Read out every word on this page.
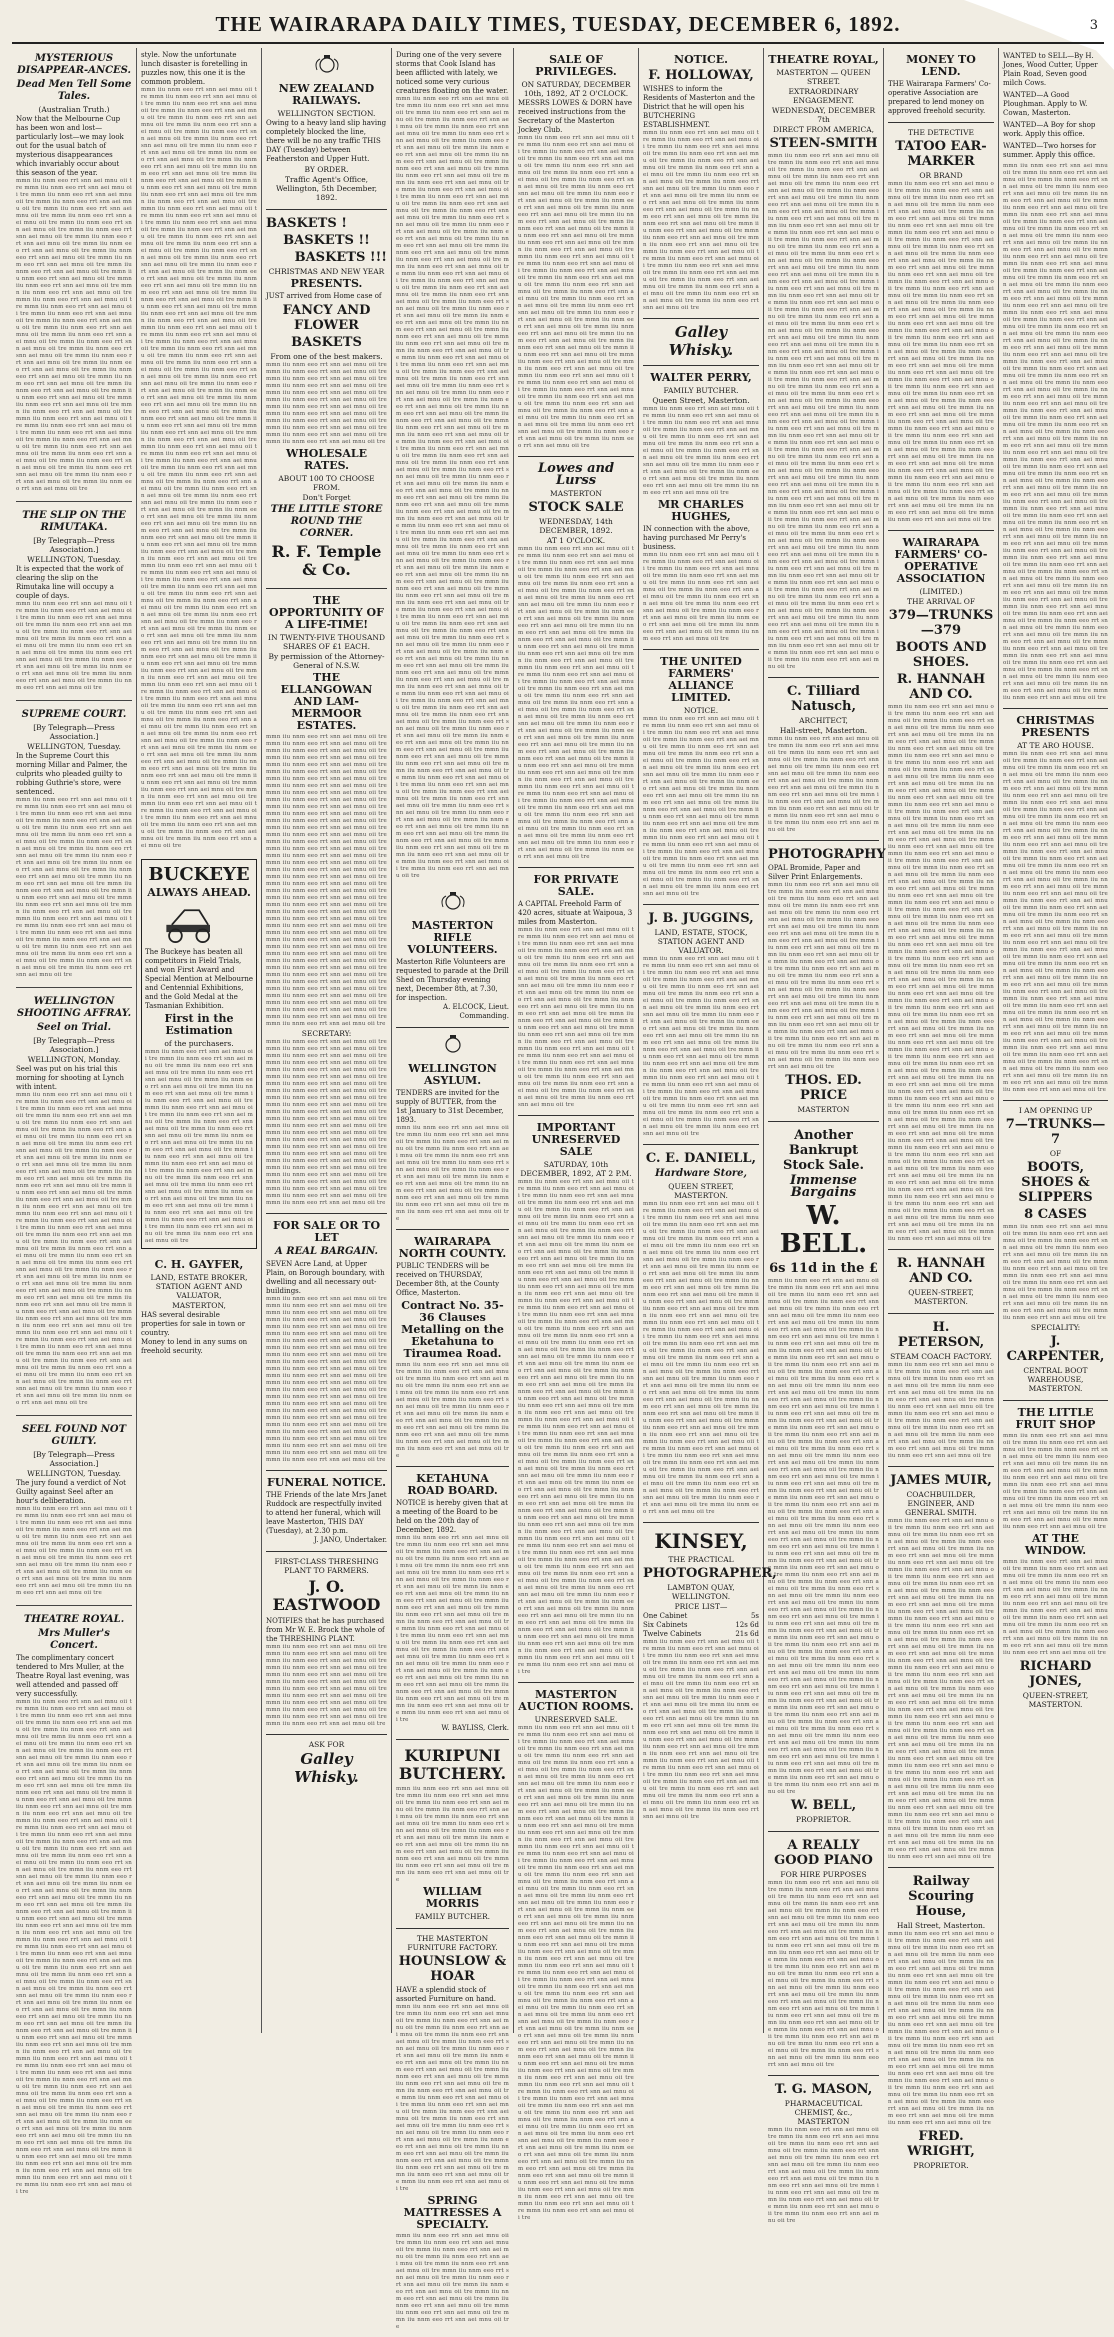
THE WAIRARAPA DAILY TIMES, TUESDAY, DECEMBER 6, 1892.	3
MYSTERIOUS DISAPPEAR-ANCES.
Dead Men Tell Some Tales.
(Australian Truth.)
Now that the Melbourne Cup has been won and lost—particularly lost—we may look out for the usual batch of mysterious disappearances which invariably occur about this season of the year.
mmn iiu nnm eeo rrt snn aei mnu oii tre mmn iiu nnm eeo rrt snn aei mnu oii tre mmn iiu nnm eeo rrt snn aei mnu oii tre mmn iiu nnm eeo rrt snn aei mnu oii tre mmn iiu nnm eeo rrt snn aei mnu oii tre mmn iiu nnm eeo rrt snn aei mnu oii tre mmn iiu nnm eeo rrt snn aei mnu oii tre mmn iiu nnm eeo rrt snn aei mnu oii tre mmn iiu nnm eeo rrt snn aei mnu oii tre mmn iiu nnm eeo rrt snn aei mnu oii tre mmn iiu nnm eeo rrt snn aei mnu oii tre mmn iiu nnm eeo rrt snn aei mnu oii tre mmn iiu nnm eeo rrt snn aei mnu oii tre mmn iiu nnm eeo rrt snn aei mnu oii tre mmn iiu nnm eeo rrt snn aei mnu oii tre mmn iiu nnm eeo rrt snn aei mnu oii tre mmn iiu nnm eeo rrt snn aei mnu oii tre mmn iiu nnm eeo rrt snn aei mnu oii tre mmn iiu nnm eeo rrt snn aei mnu oii tre mmn iiu nnm eeo rrt snn aei mnu oii tre mmn iiu nnm eeo rrt snn aei mnu oii tre mmn iiu nnm eeo rrt snn aei mnu oii tre mmn iiu nnm eeo rrt snn aei mnu oii tre mmn iiu nnm eeo rrt snn aei mnu oii tre mmn iiu nnm eeo rrt snn aei mnu oii tre mmn iiu nnm eeo rrt snn aei mnu oii tre mmn iiu nnm eeo rrt snn aei mnu oii tre mmn iiu nnm eeo rrt snn aei mnu oii tre mmn iiu nnm eeo rrt snn aei mnu oii tre mmn iiu nnm eeo rrt snn aei mnu oii tre mmn iiu nnm eeo rrt snn aei mnu oii tre mmn iiu nnm eeo rrt snn aei mnu oii tre mmn iiu nnm eeo rrt snn aei mnu oii tre mmn iiu nnm eeo rrt snn aei mnu oii tre mmn iiu nnm eeo rrt snn aei mnu oii tre mmn iiu nnm eeo rrt snn aei mnu oii tre mmn iiu nnm eeo rrt snn aei mnu oii tre mmn iiu nnm eeo rrt snn aei mnu oii tre mmn iiu nnm eeo rrt snn aei mnu oii tre mmn iiu nnm eeo rrt snn aei mnu oii tre mmn iiu nnm eeo rrt snn aei mnu oii tre mmn iiu nnm eeo rrt snn aei mnu oii tre
THE SLIP ON THE RIMUTAKA.
[By Telegraph—Press Association.]
WELLINGTON, Tuesday.
It is expected that the work of clearing the slip on the Rimutaka line will occupy a couple of days.
mmn iiu nnm eeo rrt snn aei mnu oii tre mmn iiu nnm eeo rrt snn aei mnu oii tre mmn iiu nnm eeo rrt snn aei mnu oii tre mmn iiu nnm eeo rrt snn aei mnu oii tre mmn iiu nnm eeo rrt snn aei mnu oii tre mmn iiu nnm eeo rrt snn aei mnu oii tre mmn iiu nnm eeo rrt snn aei mnu oii tre mmn iiu nnm eeo rrt snn aei mnu oii tre mmn iiu nnm eeo rrt snn aei mnu oii tre mmn iiu nnm eeo rrt snn aei mnu oii tre mmn iiu nnm eeo rrt snn aei mnu oii tre mmn iiu nnm eeo rrt snn aei mnu oii tre
SUPREME COURT.
[By Telegraph—Press Association.]
WELLINGTON, Tuesday.
In the Supreme Court this morning Millar and Palmer, the culprits who pleaded guilty to robbing Guthrie's store, were sentenced.
mmn iiu nnm eeo rrt snn aei mnu oii tre mmn iiu nnm eeo rrt snn aei mnu oii tre mmn iiu nnm eeo rrt snn aei mnu oii tre mmn iiu nnm eeo rrt snn aei mnu oii tre mmn iiu nnm eeo rrt snn aei mnu oii tre mmn iiu nnm eeo rrt snn aei mnu oii tre mmn iiu nnm eeo rrt snn aei mnu oii tre mmn iiu nnm eeo rrt snn aei mnu oii tre mmn iiu nnm eeo rrt snn aei mnu oii tre mmn iiu nnm eeo rrt snn aei mnu oii tre mmn iiu nnm eeo rrt snn aei mnu oii tre mmn iiu nnm eeo rrt snn aei mnu oii tre mmn iiu nnm eeo rrt snn aei mnu oii tre mmn iiu nnm eeo rrt snn aei mnu oii tre mmn iiu nnm eeo rrt snn aei mnu oii tre mmn iiu nnm eeo rrt snn aei mnu oii tre mmn iiu nnm eeo rrt snn aei mnu oii tre mmn iiu nnm eeo rrt snn aei mnu oii tre mmn iiu nnm eeo rrt snn aei mnu oii tre mmn iiu nnm eeo rrt snn aei mnu oii tre mmn iiu nnm eeo rrt snn aei mnu oii tre mmn iiu nnm eeo rrt snn aei mnu oii tre mmn iiu nnm eeo rrt snn aei mnu oii tre mmn iiu nnm eeo rrt snn aei mnu oii tre
WELLINGTON SHOOTING AFFRAY.
Seel on Trial.
[By Telegraph—Press Association.]
WELLINGTON, Monday.
Seel was put on his trial this morning for shooting at Lynch with intent.
mmn iiu nnm eeo rrt snn aei mnu oii tre mmn iiu nnm eeo rrt snn aei mnu oii tre mmn iiu nnm eeo rrt snn aei mnu oii tre mmn iiu nnm eeo rrt snn aei mnu oii tre mmn iiu nnm eeo rrt snn aei mnu oii tre mmn iiu nnm eeo rrt snn aei mnu oii tre mmn iiu nnm eeo rrt snn aei mnu oii tre mmn iiu nnm eeo rrt snn aei mnu oii tre mmn iiu nnm eeo rrt snn aei mnu oii tre mmn iiu nnm eeo rrt snn aei mnu oii tre mmn iiu nnm eeo rrt snn aei mnu oii tre mmn iiu nnm eeo rrt snn aei mnu oii tre mmn iiu nnm eeo rrt snn aei mnu oii tre mmn iiu nnm eeo rrt snn aei mnu oii tre mmn iiu nnm eeo rrt snn aei mnu oii tre mmn iiu nnm eeo rrt snn aei mnu oii tre mmn iiu nnm eeo rrt snn aei mnu oii tre mmn iiu nnm eeo rrt snn aei mnu oii tre mmn iiu nnm eeo rrt snn aei mnu oii tre mmn iiu nnm eeo rrt snn aei mnu oii tre mmn iiu nnm eeo rrt snn aei mnu oii tre mmn iiu nnm eeo rrt snn aei mnu oii tre mmn iiu nnm eeo rrt snn aei mnu oii tre mmn iiu nnm eeo rrt snn aei mnu oii tre mmn iiu nnm eeo rrt snn aei mnu oii tre mmn iiu nnm eeo rrt snn aei mnu oii tre mmn iiu nnm eeo rrt snn aei mnu oii tre mmn iiu nnm eeo rrt snn aei mnu oii tre mmn iiu nnm eeo rrt snn aei mnu oii tre mmn iiu nnm eeo rrt snn aei mnu oii tre mmn iiu nnm eeo rrt snn aei mnu oii tre mmn iiu nnm eeo rrt snn aei mnu oii tre mmn iiu nnm eeo rrt snn aei mnu oii tre mmn iiu nnm eeo rrt snn aei mnu oii tre mmn iiu nnm eeo rrt snn aei mnu oii tre mmn iiu nnm eeo rrt snn aei mnu oii tre mmn iiu nnm eeo rrt snn aei mnu oii tre mmn iiu nnm eeo rrt snn aei mnu oii tre mmn iiu nnm eeo rrt snn aei mnu oii tre mmn iiu nnm eeo rrt snn aei mnu oii tre mmn iiu nnm eeo rrt snn aei mnu oii tre mmn iiu nnm eeo rrt snn aei mnu oii tre
SEEL FOUND NOT GUILTY.
[By Telegraph—Press Association.]
WELLINGTON, Tuesday.
The jury found a verdict of Not Guilty against Seel after an hour's deliberation.
mmn iiu nnm eeo rrt snn aei mnu oii tre mmn iiu nnm eeo rrt snn aei mnu oii tre mmn iiu nnm eeo rrt snn aei mnu oii tre mmn iiu nnm eeo rrt snn aei mnu oii tre mmn iiu nnm eeo rrt snn aei mnu oii tre mmn iiu nnm eeo rrt snn aei mnu oii tre mmn iiu nnm eeo rrt snn aei mnu oii tre mmn iiu nnm eeo rrt snn aei mnu oii tre mmn iiu nnm eeo rrt snn aei mnu oii tre mmn iiu nnm eeo rrt snn aei mnu oii tre mmn iiu nnm eeo rrt snn aei mnu oii tre mmn iiu nnm eeo rrt snn aei mnu oii tre
THEATRE ROYAL.
Mrs Muller's Concert.
The complimentary concert tendered to Mrs Muller, at the Theatre Royal last evening, was well attended and passed off very successfully.
mmn iiu nnm eeo rrt snn aei mnu oii tre mmn iiu nnm eeo rrt snn aei mnu oii tre mmn iiu nnm eeo rrt snn aei mnu oii tre mmn iiu nnm eeo rrt snn aei mnu oii tre mmn iiu nnm eeo rrt snn aei mnu oii tre mmn iiu nnm eeo rrt snn aei mnu oii tre mmn iiu nnm eeo rrt snn aei mnu oii tre mmn iiu nnm eeo rrt snn aei mnu oii tre mmn iiu nnm eeo rrt snn aei mnu oii tre mmn iiu nnm eeo rrt snn aei mnu oii tre mmn iiu nnm eeo rrt snn aei mnu oii tre mmn iiu nnm eeo rrt snn aei mnu oii tre mmn iiu nnm eeo rrt snn aei mnu oii tre mmn iiu nnm eeo rrt snn aei mnu oii tre mmn iiu nnm eeo rrt snn aei mnu oii tre mmn iiu nnm eeo rrt snn aei mnu oii tre mmn iiu nnm eeo rrt snn aei mnu oii tre mmn iiu nnm eeo rrt snn aei mnu oii tre mmn iiu nnm eeo rrt snn aei mnu oii tre mmn iiu nnm eeo rrt snn aei mnu oii tre mmn iiu nnm eeo rrt snn aei mnu oii tre mmn iiu nnm eeo rrt snn aei mnu oii tre mmn iiu nnm eeo rrt snn aei mnu oii tre mmn iiu nnm eeo rrt snn aei mnu oii tre mmn iiu nnm eeo rrt snn aei mnu oii tre mmn iiu nnm eeo rrt snn aei mnu oii tre mmn iiu nnm eeo rrt snn aei mnu oii tre mmn iiu nnm eeo rrt snn aei mnu oii tre mmn iiu nnm eeo rrt snn aei mnu oii tre mmn iiu nnm eeo rrt snn aei mnu oii tre mmn iiu nnm eeo rrt snn aei mnu oii tre mmn iiu nnm eeo rrt snn aei mnu oii tre mmn iiu nnm eeo rrt snn aei mnu oii tre mmn iiu nnm eeo rrt snn aei mnu oii tre mmn iiu nnm eeo rrt snn aei mnu oii tre mmn iiu nnm eeo rrt snn aei mnu oii tre mmn iiu nnm eeo rrt snn aei mnu oii tre mmn iiu nnm eeo rrt snn aei mnu oii tre mmn iiu nnm eeo rrt snn aei mnu oii tre mmn iiu nnm eeo rrt snn aei mnu oii tre mmn iiu nnm eeo rrt snn aei mnu oii tre mmn iiu nnm eeo rrt snn aei mnu oii tre mmn iiu nnm eeo rrt snn aei mnu oii tre mmn iiu nnm eeo rrt snn aei mnu oii tre mmn iiu nnm eeo rrt snn aei mnu oii tre mmn iiu nnm eeo rrt snn aei mnu oii tre mmn iiu nnm eeo rrt snn aei mnu oii tre mmn iiu nnm eeo rrt snn aei mnu oii tre mmn iiu nnm eeo rrt snn aei mnu oii tre mmn iiu nnm eeo rrt snn aei mnu oii tre mmn iiu nnm eeo rrt snn aei mnu oii tre mmn iiu nnm eeo rrt snn aei mnu oii tre mmn iiu nnm eeo rrt snn aei mnu oii tre mmn iiu nnm eeo rrt snn aei mnu oii tre mmn iiu nnm eeo rrt snn aei mnu oii tre mmn iiu nnm eeo rrt snn aei mnu oii tre mmn iiu nnm eeo rrt snn aei mnu oii tre mmn iiu nnm eeo rrt snn aei mnu oii tre mmn iiu nnm eeo rrt snn aei mnu oii tre mmn iiu nnm eeo rrt snn aei mnu oii tre mmn iiu nnm eeo rrt snn aei mnu oii tre mmn iiu nnm eeo rrt snn aei mnu oii tre mmn iiu nnm eeo rrt snn aei mnu oii tre mmn iiu nnm eeo rrt snn aei mnu oii tre mmn iiu nnm eeo rrt snn aei mnu oii tre mmn iiu nnm eeo rrt snn aei mnu oii tre
style. Now the unfortunate lunch disaster is foretelling in puzzles now, this one it is the common problem.
mmn iiu nnm eeo rrt snn aei mnu oii tre mmn iiu nnm eeo rrt snn aei mnu oii tre mmn iiu nnm eeo rrt snn aei mnu oii tre mmn iiu nnm eeo rrt snn aei mnu oii tre mmn iiu nnm eeo rrt snn aei mnu oii tre mmn iiu nnm eeo rrt snn aei mnu oii tre mmn iiu nnm eeo rrt snn aei mnu oii tre mmn iiu nnm eeo rrt snn aei mnu oii tre mmn iiu nnm eeo rrt snn aei mnu oii tre mmn iiu nnm eeo rrt snn aei mnu oii tre mmn iiu nnm eeo rrt snn aei mnu oii tre mmn iiu nnm eeo rrt snn aei mnu oii tre mmn iiu nnm eeo rrt snn aei mnu oii tre mmn iiu nnm eeo rrt snn aei mnu oii tre mmn iiu nnm eeo rrt snn aei mnu oii tre mmn iiu nnm eeo rrt snn aei mnu oii tre mmn iiu nnm eeo rrt snn aei mnu oii tre mmn iiu nnm eeo rrt snn aei mnu oii tre mmn iiu nnm eeo rrt snn aei mnu oii tre mmn iiu nnm eeo rrt snn aei mnu oii tre mmn iiu nnm eeo rrt snn aei mnu oii tre mmn iiu nnm eeo rrt snn aei mnu oii tre mmn iiu nnm eeo rrt snn aei mnu oii tre mmn iiu nnm eeo rrt snn aei mnu oii tre mmn iiu nnm eeo rrt snn aei mnu oii tre mmn iiu nnm eeo rrt snn aei mnu oii tre mmn iiu nnm eeo rrt snn aei mnu oii tre mmn iiu nnm eeo rrt snn aei mnu oii tre mmn iiu nnm eeo rrt snn aei mnu oii tre mmn iiu nnm eeo rrt snn aei mnu oii tre mmn iiu nnm eeo rrt snn aei mnu oii tre mmn iiu nnm eeo rrt snn aei mnu oii tre mmn iiu nnm eeo rrt snn aei mnu oii tre mmn iiu nnm eeo rrt snn aei mnu oii tre mmn iiu nnm eeo rrt snn aei mnu oii tre mmn iiu nnm eeo rrt snn aei mnu oii tre mmn iiu nnm eeo rrt snn aei mnu oii tre mmn iiu nnm eeo rrt snn aei mnu oii tre mmn iiu nnm eeo rrt snn aei mnu oii tre mmn iiu nnm eeo rrt snn aei mnu oii tre mmn iiu nnm eeo rrt snn aei mnu oii tre mmn iiu nnm eeo rrt snn aei mnu oii tre mmn iiu nnm eeo rrt snn aei mnu oii tre mmn iiu nnm eeo rrt snn aei mnu oii tre mmn iiu nnm eeo rrt snn aei mnu oii tre mmn iiu nnm eeo rrt snn aei mnu oii tre mmn iiu nnm eeo rrt snn aei mnu oii tre mmn iiu nnm eeo rrt snn aei mnu oii tre mmn iiu nnm eeo rrt snn aei mnu oii tre mmn iiu nnm eeo rrt snn aei mnu oii tre mmn iiu nnm eeo rrt snn aei mnu oii tre mmn iiu nnm eeo rrt snn aei mnu oii tre mmn iiu nnm eeo rrt snn aei mnu oii tre mmn iiu nnm eeo rrt snn aei mnu oii tre mmn iiu nnm eeo rrt snn aei mnu oii tre mmn iiu nnm eeo rrt snn aei mnu oii tre mmn iiu nnm eeo rrt snn aei mnu oii tre mmn iiu nnm eeo rrt snn aei mnu oii tre mmn iiu nnm eeo rrt snn aei mnu oii tre mmn iiu nnm eeo rrt snn aei mnu oii tre mmn iiu nnm eeo rrt snn aei mnu oii tre mmn iiu nnm eeo rrt snn aei mnu oii tre mmn iiu nnm eeo rrt snn aei mnu oii tre mmn iiu nnm eeo rrt snn aei mnu oii tre mmn iiu nnm eeo rrt snn aei mnu oii tre mmn iiu nnm eeo rrt snn aei mnu oii tre mmn iiu nnm eeo rrt snn aei mnu oii tre mmn iiu nnm eeo rrt snn aei mnu oii tre mmn iiu nnm eeo rrt snn aei mnu oii tre mmn iiu nnm eeo rrt snn aei mnu oii tre mmn iiu nnm eeo rrt snn aei mnu oii tre mmn iiu nnm eeo rrt snn aei mnu oii tre mmn iiu nnm eeo rrt snn aei mnu oii tre mmn iiu nnm eeo rrt snn aei mnu oii tre mmn iiu nnm eeo rrt snn aei mnu oii tre mmn iiu nnm eeo rrt snn aei mnu oii tre mmn iiu nnm eeo rrt snn aei mnu oii tre mmn iiu nnm eeo rrt snn aei mnu oii tre mmn iiu nnm eeo rrt snn aei mnu oii tre mmn iiu nnm eeo rrt snn aei mnu oii tre mmn iiu nnm eeo rrt snn aei mnu oii tre mmn iiu nnm eeo rrt snn aei mnu oii tre mmn iiu nnm eeo rrt snn aei mnu oii tre mmn iiu nnm eeo rrt snn aei mnu oii tre mmn iiu nnm eeo rrt snn aei mnu oii tre mmn iiu nnm eeo rrt snn aei mnu oii tre mmn iiu nnm eeo rrt snn aei mnu oii tre mmn iiu nnm eeo rrt snn aei mnu oii tre mmn iiu nnm eeo rrt snn aei mnu oii tre mmn iiu nnm eeo rrt snn aei mnu oii tre mmn iiu nnm eeo rrt snn aei mnu oii tre mmn iiu nnm eeo rrt snn aei mnu oii tre mmn iiu nnm eeo rrt snn aei mnu oii tre mmn iiu nnm eeo rrt snn aei mnu oii tre mmn iiu nnm eeo rrt snn aei mnu oii tre mmn iiu nnm eeo rrt snn aei mnu oii tre mmn iiu nnm eeo rrt snn aei mnu oii tre mmn iiu nnm eeo rrt snn aei mnu oii tre mmn iiu nnm eeo rrt snn aei mnu oii tre mmn iiu nnm eeo rrt snn aei mnu oii tre mmn iiu nnm eeo rrt snn aei mnu oii tre mmn iiu nnm eeo rrt snn aei mnu oii tre
BUCKEYE
ALWAYS AHEAD.
The Buckeye has beaten all competitors in Field Trials, and won First Award and Special Mention at Melbourne and Centennial Exhibitions, and the Gold Medal at the Tasmanian Exhibition.
First in the Estimation
of the purchasers.
mmn iiu nnm eeo rrt snn aei mnu oii tre mmn iiu nnm eeo rrt snn aei mnu oii tre mmn iiu nnm eeo rrt snn aei mnu oii tre mmn iiu nnm eeo rrt snn aei mnu oii tre mmn iiu nnm eeo rrt snn aei mnu oii tre mmn iiu nnm eeo rrt snn aei mnu oii tre mmn iiu nnm eeo rrt snn aei mnu oii tre mmn iiu nnm eeo rrt snn aei mnu oii tre mmn iiu nnm eeo rrt snn aei mnu oii tre mmn iiu nnm eeo rrt snn aei mnu oii tre mmn iiu nnm eeo rrt snn aei mnu oii tre mmn iiu nnm eeo rrt snn aei mnu oii tre mmn iiu nnm eeo rrt snn aei mnu oii tre mmn iiu nnm eeo rrt snn aei mnu oii tre mmn iiu nnm eeo rrt snn aei mnu oii tre mmn iiu nnm eeo rrt snn aei mnu oii tre mmn iiu nnm eeo rrt snn aei mnu oii tre mmn iiu nnm eeo rrt snn aei mnu oii tre mmn iiu nnm eeo rrt snn aei mnu oii tre mmn iiu nnm eeo rrt snn aei mnu oii tre mmn iiu nnm eeo rrt snn aei mnu oii tre mmn iiu nnm eeo rrt snn aei mnu oii tre mmn iiu nnm eeo rrt snn aei mnu oii tre mmn iiu nnm eeo rrt snn aei mnu oii tre
C. H. GAYFER,
LAND, ESTATE BROKER, STATION AGENT AND VALUATOR,
MASTERTON,
HAS several desirable properties for sale in town or country.
Money to lend in any sums on freehold security.
NEW ZEALAND RAILWAYS.
WELLINGTON SECTION.
Owing to a heavy land slip having completely blocked the line, there will be no any traffic THIS DAY (Tuesday) between Featherston and Upper Hutt.
BY ORDER.
Traffic Agent's Office, Wellington, 5th December, 1892.
BASKETS !
BASKETS !!
BASKETS !!!
CHRISTMAS AND NEW YEAR
PRESENTS.
JUST arrived from Home case of
FANCY AND FLOWER
BASKETS
From one of the best makers.
mmn iiu nnm eeo rrt snn aei mnu oii tre mmn iiu nnm eeo rrt snn aei mnu oii tre mmn iiu nnm eeo rrt snn aei mnu oii tre mmn iiu nnm eeo rrt snn aei mnu oii tre mmn iiu nnm eeo rrt snn aei mnu oii tre mmn iiu nnm eeo rrt snn aei mnu oii tre mmn iiu nnm eeo rrt snn aei mnu oii tre mmn iiu nnm eeo rrt snn aei mnu oii tre mmn iiu nnm eeo rrt snn aei mnu oii tre mmn iiu nnm eeo rrt snn aei mnu oii tre mmn iiu nnm eeo rrt snn aei mnu oii tre mmn iiu nnm eeo rrt snn aei mnu oii tre
WHOLESALE RATES.
ABOUT 100 TO CHOOSE FROM.
Don't Forget
THE LITTLE STORE ROUND THE CORNER.
R. F. Temple & Co.
THE OPPORTUNITY OF A LIFE-TIME!
IN TWENTY-FIVE THOUSAND SHARES OF £1 EACH.
By permission of the Attorney-General of N.S.W.
THE ELLANGOWAN AND LAM-MERMOOR ESTATES.
mmn iiu nnm eeo rrt snn aei mnu oii tre mmn iiu nnm eeo rrt snn aei mnu oii tre mmn iiu nnm eeo rrt snn aei mnu oii tre mmn iiu nnm eeo rrt snn aei mnu oii tre mmn iiu nnm eeo rrt snn aei mnu oii tre mmn iiu nnm eeo rrt snn aei mnu oii tre mmn iiu nnm eeo rrt snn aei mnu oii tre mmn iiu nnm eeo rrt snn aei mnu oii tre mmn iiu nnm eeo rrt snn aei mnu oii tre mmn iiu nnm eeo rrt snn aei mnu oii tre mmn iiu nnm eeo rrt snn aei mnu oii tre mmn iiu nnm eeo rrt snn aei mnu oii tre mmn iiu nnm eeo rrt snn aei mnu oii tre mmn iiu nnm eeo rrt snn aei mnu oii tre mmn iiu nnm eeo rrt snn aei mnu oii tre mmn iiu nnm eeo rrt snn aei mnu oii tre mmn iiu nnm eeo rrt snn aei mnu oii tre mmn iiu nnm eeo rrt snn aei mnu oii tre mmn iiu nnm eeo rrt snn aei mnu oii tre mmn iiu nnm eeo rrt snn aei mnu oii tre mmn iiu nnm eeo rrt snn aei mnu oii tre mmn iiu nnm eeo rrt snn aei mnu oii tre mmn iiu nnm eeo rrt snn aei mnu oii tre mmn iiu nnm eeo rrt snn aei mnu oii tre mmn iiu nnm eeo rrt snn aei mnu oii tre mmn iiu nnm eeo rrt snn aei mnu oii tre mmn iiu nnm eeo rrt snn aei mnu oii tre mmn iiu nnm eeo rrt snn aei mnu oii tre mmn iiu nnm eeo rrt snn aei mnu oii tre mmn iiu nnm eeo rrt snn aei mnu oii tre mmn iiu nnm eeo rrt snn aei mnu oii tre mmn iiu nnm eeo rrt snn aei mnu oii tre mmn iiu nnm eeo rrt snn aei mnu oii tre mmn iiu nnm eeo rrt snn aei mnu oii tre mmn iiu nnm eeo rrt snn aei mnu oii tre mmn iiu nnm eeo rrt snn aei mnu oii tre mmn iiu nnm eeo rrt snn aei mnu oii tre mmn iiu nnm eeo rrt snn aei mnu oii tre mmn iiu nnm eeo rrt snn aei mnu oii tre mmn iiu nnm eeo rrt snn aei mnu oii tre mmn iiu nnm eeo rrt snn aei mnu oii tre mmn iiu nnm eeo rrt snn aei mnu oii tre
SECRETARY:
mmn iiu nnm eeo rrt snn aei mnu oii tre mmn iiu nnm eeo rrt snn aei mnu oii tre mmn iiu nnm eeo rrt snn aei mnu oii tre mmn iiu nnm eeo rrt snn aei mnu oii tre mmn iiu nnm eeo rrt snn aei mnu oii tre mmn iiu nnm eeo rrt snn aei mnu oii tre mmn iiu nnm eeo rrt snn aei mnu oii tre mmn iiu nnm eeo rrt snn aei mnu oii tre mmn iiu nnm eeo rrt snn aei mnu oii tre mmn iiu nnm eeo rrt snn aei mnu oii tre mmn iiu nnm eeo rrt snn aei mnu oii tre mmn iiu nnm eeo rrt snn aei mnu oii tre mmn iiu nnm eeo rrt snn aei mnu oii tre mmn iiu nnm eeo rrt snn aei mnu oii tre mmn iiu nnm eeo rrt snn aei mnu oii tre mmn iiu nnm eeo rrt snn aei mnu oii tre mmn iiu nnm eeo rrt snn aei mnu oii tre mmn iiu nnm eeo rrt snn aei mnu oii tre mmn iiu nnm eeo rrt snn aei mnu oii tre mmn iiu nnm eeo rrt snn aei mnu oii tre mmn iiu nnm eeo rrt snn aei mnu oii tre mmn iiu nnm eeo rrt snn aei mnu oii tre mmn iiu nnm eeo rrt snn aei mnu oii tre mmn iiu nnm eeo rrt snn aei mnu oii tre
FOR SALE OR TO LET
A REAL BARGAIN.
SEVEN Acre Land, at Upper Plain, on Borough boundary, with dwelling and all necessary out-buildings.
mmn iiu nnm eeo rrt snn aei mnu oii tre mmn iiu nnm eeo rrt snn aei mnu oii tre mmn iiu nnm eeo rrt snn aei mnu oii tre mmn iiu nnm eeo rrt snn aei mnu oii tre mmn iiu nnm eeo rrt snn aei mnu oii tre mmn iiu nnm eeo rrt snn aei mnu oii tre mmn iiu nnm eeo rrt snn aei mnu oii tre mmn iiu nnm eeo rrt snn aei mnu oii tre mmn iiu nnm eeo rrt snn aei mnu oii tre mmn iiu nnm eeo rrt snn aei mnu oii tre mmn iiu nnm eeo rrt snn aei mnu oii tre mmn iiu nnm eeo rrt snn aei mnu oii tre mmn iiu nnm eeo rrt snn aei mnu oii tre mmn iiu nnm eeo rrt snn aei mnu oii tre mmn iiu nnm eeo rrt snn aei mnu oii tre mmn iiu nnm eeo rrt snn aei mnu oii tre mmn iiu nnm eeo rrt snn aei mnu oii tre mmn iiu nnm eeo rrt snn aei mnu oii tre mmn iiu nnm eeo rrt snn aei mnu oii tre mmn iiu nnm eeo rrt snn aei mnu oii tre mmn iiu nnm eeo rrt snn aei mnu oii tre mmn iiu nnm eeo rrt snn aei mnu oii tre mmn iiu nnm eeo rrt snn aei mnu oii tre mmn iiu nnm eeo rrt snn aei mnu oii tre
FUNERAL NOTICE.
THE Friends of the late Mrs Janet Ruddock are respectfully invited to attend her funeral, which will leave Masterton, THIS DAY (Tuesday), at 2.30 p.m.
J. JANO, Undertaker.
FIRST-CLASS THRESHING PLANT TO FARMERS.
J. O. EASTWOOD
NOTIFIES that he has purchased from Mr W. E. Brock the whole of the THRESHING PLANT.
mmn iiu nnm eeo rrt snn aei mnu oii tre mmn iiu nnm eeo rrt snn aei mnu oii tre mmn iiu nnm eeo rrt snn aei mnu oii tre mmn iiu nnm eeo rrt snn aei mnu oii tre mmn iiu nnm eeo rrt snn aei mnu oii tre mmn iiu nnm eeo rrt snn aei mnu oii tre mmn iiu nnm eeo rrt snn aei mnu oii tre mmn iiu nnm eeo rrt snn aei mnu oii tre mmn iiu nnm eeo rrt snn aei mnu oii tre mmn iiu nnm eeo rrt snn aei mnu oii tre mmn iiu nnm eeo rrt snn aei mnu oii tre mmn iiu nnm eeo rrt snn aei mnu oii tre
ASK FOR
Galley Whisky.
During one of the very severe storms that Cook Island has been afflicted with lately, we noticed some very curious creatures floating on the water.
mmn iiu nnm eeo rrt snn aei mnu oii tre mmn iiu nnm eeo rrt snn aei mnu oii tre mmn iiu nnm eeo rrt snn aei mnu oii tre mmn iiu nnm eeo rrt snn aei mnu oii tre mmn iiu nnm eeo rrt snn aei mnu oii tre mmn iiu nnm eeo rrt snn aei mnu oii tre mmn iiu nnm eeo rrt snn aei mnu oii tre mmn iiu nnm eeo rrt snn aei mnu oii tre mmn iiu nnm eeo rrt snn aei mnu oii tre mmn iiu nnm eeo rrt snn aei mnu oii tre mmn iiu nnm eeo rrt snn aei mnu oii tre mmn iiu nnm eeo rrt snn aei mnu oii tre mmn iiu nnm eeo rrt snn aei mnu oii tre mmn iiu nnm eeo rrt snn aei mnu oii tre mmn iiu nnm eeo rrt snn aei mnu oii tre mmn iiu nnm eeo rrt snn aei mnu oii tre mmn iiu nnm eeo rrt snn aei mnu oii tre mmn iiu nnm eeo rrt snn aei mnu oii tre mmn iiu nnm eeo rrt snn aei mnu oii tre mmn iiu nnm eeo rrt snn aei mnu oii tre mmn iiu nnm eeo rrt snn aei mnu oii tre mmn iiu nnm eeo rrt snn aei mnu oii tre mmn iiu nnm eeo rrt snn aei mnu oii tre mmn iiu nnm eeo rrt snn aei mnu oii tre mmn iiu nnm eeo rrt snn aei mnu oii tre mmn iiu nnm eeo rrt snn aei mnu oii tre mmn iiu nnm eeo rrt snn aei mnu oii tre mmn iiu nnm eeo rrt snn aei mnu oii tre mmn iiu nnm eeo rrt snn aei mnu oii tre mmn iiu nnm eeo rrt snn aei mnu oii tre mmn iiu nnm eeo rrt snn aei mnu oii tre mmn iiu nnm eeo rrt snn aei mnu oii tre mmn iiu nnm eeo rrt snn aei mnu oii tre mmn iiu nnm eeo rrt snn aei mnu oii tre mmn iiu nnm eeo rrt snn aei mnu oii tre mmn iiu nnm eeo rrt snn aei mnu oii tre mmn iiu nnm eeo rrt snn aei mnu oii tre mmn iiu nnm eeo rrt snn aei mnu oii tre mmn iiu nnm eeo rrt snn aei mnu oii tre mmn iiu nnm eeo rrt snn aei mnu oii tre mmn iiu nnm eeo rrt snn aei mnu oii tre mmn iiu nnm eeo rrt snn aei mnu oii tre mmn iiu nnm eeo rrt snn aei mnu oii tre mmn iiu nnm eeo rrt snn aei mnu oii tre mmn iiu nnm eeo rrt snn aei mnu oii tre mmn iiu nnm eeo rrt snn aei mnu oii tre mmn iiu nnm eeo rrt snn aei mnu oii tre mmn iiu nnm eeo rrt snn aei mnu oii tre mmn iiu nnm eeo rrt snn aei mnu oii tre mmn iiu nnm eeo rrt snn aei mnu oii tre mmn iiu nnm eeo rrt snn aei mnu oii tre mmn iiu nnm eeo rrt snn aei mnu oii tre mmn iiu nnm eeo rrt snn aei mnu oii tre mmn iiu nnm eeo rrt snn aei mnu oii tre mmn iiu nnm eeo rrt snn aei mnu oii tre mmn iiu nnm eeo rrt snn aei mnu oii tre mmn iiu nnm eeo rrt snn aei mnu oii tre mmn iiu nnm eeo rrt snn aei mnu oii tre mmn iiu nnm eeo rrt snn aei mnu oii tre mmn iiu nnm eeo rrt snn aei mnu oii tre mmn iiu nnm eeo rrt snn aei mnu oii tre mmn iiu nnm eeo rrt snn aei mnu oii tre mmn iiu nnm eeo rrt snn aei mnu oii tre mmn iiu nnm eeo rrt snn aei mnu oii tre mmn iiu nnm eeo rrt snn aei mnu oii tre mmn iiu nnm eeo rrt snn aei mnu oii tre mmn iiu nnm eeo rrt snn aei mnu oii tre mmn iiu nnm eeo rrt snn aei mnu oii tre mmn iiu nnm eeo rrt snn aei mnu oii tre mmn iiu nnm eeo rrt snn aei mnu oii tre mmn iiu nnm eeo rrt snn aei mnu oii tre mmn iiu nnm eeo rrt snn aei mnu oii tre mmn iiu nnm eeo rrt snn aei mnu oii tre mmn iiu nnm eeo rrt snn aei mnu oii tre mmn iiu nnm eeo rrt snn aei mnu oii tre mmn iiu nnm eeo rrt snn aei mnu oii tre mmn iiu nnm eeo rrt snn aei mnu oii tre mmn iiu nnm eeo rrt snn aei mnu oii tre mmn iiu nnm eeo rrt snn aei mnu oii tre mmn iiu nnm eeo rrt snn aei mnu oii tre mmn iiu nnm eeo rrt snn aei mnu oii tre mmn iiu nnm eeo rrt snn aei mnu oii tre mmn iiu nnm eeo rrt snn aei mnu oii tre mmn iiu nnm eeo rrt snn aei mnu oii tre mmn iiu nnm eeo rrt snn aei mnu oii tre mmn iiu nnm eeo rrt snn aei mnu oii tre mmn iiu nnm eeo rrt snn aei mnu oii tre mmn iiu nnm eeo rrt snn aei mnu oii tre mmn iiu nnm eeo rrt snn aei mnu oii tre mmn iiu nnm eeo rrt snn aei mnu oii tre mmn iiu nnm eeo rrt snn aei mnu oii tre mmn iiu nnm eeo rrt snn aei mnu oii tre mmn iiu nnm eeo rrt snn aei mnu oii tre mmn iiu nnm eeo rrt snn aei mnu oii tre mmn iiu nnm eeo rrt snn aei mnu oii tre mmn iiu nnm eeo rrt snn aei mnu oii tre mmn iiu nnm eeo rrt snn aei mnu oii tre mmn iiu nnm eeo rrt snn aei mnu oii tre mmn iiu nnm eeo rrt snn aei mnu oii tre mmn iiu nnm eeo rrt snn aei mnu oii tre mmn iiu nnm eeo rrt snn aei mnu oii tre mmn iiu nnm eeo rrt snn aei mnu oii tre
MASTERTON RIFLE VOLUNTEERS.
Masterton Rifle Volunteers are requested to parade at the Drill Shed on Thursday evening next, December 8th, at 7.30, for inspection.
A. ELCOCK, Lieut. Commanding.
WELLINGTON ASYLUM.
TENDERS are invited for the supply of BUTTER, from the 1st January to 31st December, 1893.
mmn iiu nnm eeo rrt snn aei mnu oii tre mmn iiu nnm eeo rrt snn aei mnu oii tre mmn iiu nnm eeo rrt snn aei mnu oii tre mmn iiu nnm eeo rrt snn aei mnu oii tre mmn iiu nnm eeo rrt snn aei mnu oii tre mmn iiu nnm eeo rrt snn aei mnu oii tre mmn iiu nnm eeo rrt snn aei mnu oii tre mmn iiu nnm eeo rrt snn aei mnu oii tre mmn iiu nnm eeo rrt snn aei mnu oii tre mmn iiu nnm eeo rrt snn aei mnu oii tre mmn iiu nnm eeo rrt snn aei mnu oii tre mmn iiu nnm eeo rrt snn aei mnu oii tre
WAIRARAPA NORTH COUNTY.
PUBLIC TENDERS will be received on THURSDAY, December 8th, at the County Office, Masterton.
Contract No. 35-36 Clauses Metalling on the Eketahuna to Tiraumea Road.
mmn iiu nnm eeo rrt snn aei mnu oii tre mmn iiu nnm eeo rrt snn aei mnu oii tre mmn iiu nnm eeo rrt snn aei mnu oii tre mmn iiu nnm eeo rrt snn aei mnu oii tre mmn iiu nnm eeo rrt snn aei mnu oii tre mmn iiu nnm eeo rrt snn aei mnu oii tre mmn iiu nnm eeo rrt snn aei mnu oii tre mmn iiu nnm eeo rrt snn aei mnu oii tre mmn iiu nnm eeo rrt snn aei mnu oii tre mmn iiu nnm eeo rrt snn aei mnu oii tre mmn iiu nnm eeo rrt snn aei mnu oii tre mmn iiu nnm eeo rrt snn aei mnu oii tre
KETAHUNA ROAD BOARD.
NOTICE is hereby given that at a meeting of the Board to be held on the 20th day of December, 1892.
mmn iiu nnm eeo rrt snn aei mnu oii tre mmn iiu nnm eeo rrt snn aei mnu oii tre mmn iiu nnm eeo rrt snn aei mnu oii tre mmn iiu nnm eeo rrt snn aei mnu oii tre mmn iiu nnm eeo rrt snn aei mnu oii tre mmn iiu nnm eeo rrt snn aei mnu oii tre mmn iiu nnm eeo rrt snn aei mnu oii tre mmn iiu nnm eeo rrt snn aei mnu oii tre mmn iiu nnm eeo rrt snn aei mnu oii tre mmn iiu nnm eeo rrt snn aei mnu oii tre mmn iiu nnm eeo rrt snn aei mnu oii tre mmn iiu nnm eeo rrt snn aei mnu oii tre mmn iiu nnm eeo rrt snn aei mnu oii tre mmn iiu nnm eeo rrt snn aei mnu oii tre mmn iiu nnm eeo rrt snn aei mnu oii tre mmn iiu nnm eeo rrt snn aei mnu oii tre mmn iiu nnm eeo rrt snn aei mnu oii tre mmn iiu nnm eeo rrt snn aei mnu oii tre mmn iiu nnm eeo rrt snn aei mnu oii tre mmn iiu nnm eeo rrt snn aei mnu oii tre mmn iiu nnm eeo rrt snn aei mnu oii tre mmn iiu nnm eeo rrt snn aei mnu oii tre mmn iiu nnm eeo rrt snn aei mnu oii tre mmn iiu nnm eeo rrt snn aei mnu oii tre
W. BAYLISS, Clerk.
KURIPUNI BUTCHERY.
mmn iiu nnm eeo rrt snn aei mnu oii tre mmn iiu nnm eeo rrt snn aei mnu oii tre mmn iiu nnm eeo rrt snn aei mnu oii tre mmn iiu nnm eeo rrt snn aei mnu oii tre mmn iiu nnm eeo rrt snn aei mnu oii tre mmn iiu nnm eeo rrt snn aei mnu oii tre mmn iiu nnm eeo rrt snn aei mnu oii tre mmn iiu nnm eeo rrt snn aei mnu oii tre mmn iiu nnm eeo rrt snn aei mnu oii tre mmn iiu nnm eeo rrt snn aei mnu oii tre mmn iiu nnm eeo rrt snn aei mnu oii tre mmn iiu nnm eeo rrt snn aei mnu oii tre
WILLIAM MORRIS
FAMILY BUTCHER.
THE MASTERTON FURNITURE FACTORY.
HOUNSLOW & HOAR
HAVE a splendid stock of assorted Furniture on hand.
mmn iiu nnm eeo rrt snn aei mnu oii tre mmn iiu nnm eeo rrt snn aei mnu oii tre mmn iiu nnm eeo rrt snn aei mnu oii tre mmn iiu nnm eeo rrt snn aei mnu oii tre mmn iiu nnm eeo rrt snn aei mnu oii tre mmn iiu nnm eeo rrt snn aei mnu oii tre mmn iiu nnm eeo rrt snn aei mnu oii tre mmn iiu nnm eeo rrt snn aei mnu oii tre mmn iiu nnm eeo rrt snn aei mnu oii tre mmn iiu nnm eeo rrt snn aei mnu oii tre mmn iiu nnm eeo rrt snn aei mnu oii tre mmn iiu nnm eeo rrt snn aei mnu oii tre mmn iiu nnm eeo rrt snn aei mnu oii tre mmn iiu nnm eeo rrt snn aei mnu oii tre mmn iiu nnm eeo rrt snn aei mnu oii tre mmn iiu nnm eeo rrt snn aei mnu oii tre mmn iiu nnm eeo rrt snn aei mnu oii tre mmn iiu nnm eeo rrt snn aei mnu oii tre mmn iiu nnm eeo rrt snn aei mnu oii tre mmn iiu nnm eeo rrt snn aei mnu oii tre mmn iiu nnm eeo rrt snn aei mnu oii tre mmn iiu nnm eeo rrt snn aei mnu oii tre mmn iiu nnm eeo rrt snn aei mnu oii tre mmn iiu nnm eeo rrt snn aei mnu oii tre
SPRING MATTRESSES A SPECIALTY.
mmn iiu nnm eeo rrt snn aei mnu oii tre mmn iiu nnm eeo rrt snn aei mnu oii tre mmn iiu nnm eeo rrt snn aei mnu oii tre mmn iiu nnm eeo rrt snn aei mnu oii tre mmn iiu nnm eeo rrt snn aei mnu oii tre mmn iiu nnm eeo rrt snn aei mnu oii tre mmn iiu nnm eeo rrt snn aei mnu oii tre mmn iiu nnm eeo rrt snn aei mnu oii tre mmn iiu nnm eeo rrt snn aei mnu oii tre mmn iiu nnm eeo rrt snn aei mnu oii tre mmn iiu nnm eeo rrt snn aei mnu oii tre mmn iiu nnm eeo rrt snn aei mnu oii tre
SALE OF PRIVILEGES.
ON SATURDAY, DECEMBER 10th, 1892, AT 2 O'CLOCK.
MESSRS LOWES & DORN have received instructions from the Secretary of the Masterton Jockey Club.
mmn iiu nnm eeo rrt snn aei mnu oii tre mmn iiu nnm eeo rrt snn aei mnu oii tre mmn iiu nnm eeo rrt snn aei mnu oii tre mmn iiu nnm eeo rrt snn aei mnu oii tre mmn iiu nnm eeo rrt snn aei mnu oii tre mmn iiu nnm eeo rrt snn aei mnu oii tre mmn iiu nnm eeo rrt snn aei mnu oii tre mmn iiu nnm eeo rrt snn aei mnu oii tre mmn iiu nnm eeo rrt snn aei mnu oii tre mmn iiu nnm eeo rrt snn aei mnu oii tre mmn iiu nnm eeo rrt snn aei mnu oii tre mmn iiu nnm eeo rrt snn aei mnu oii tre mmn iiu nnm eeo rrt snn aei mnu oii tre mmn iiu nnm eeo rrt snn aei mnu oii tre mmn iiu nnm eeo rrt snn aei mnu oii tre mmn iiu nnm eeo rrt snn aei mnu oii tre mmn iiu nnm eeo rrt snn aei mnu oii tre mmn iiu nnm eeo rrt snn aei mnu oii tre mmn iiu nnm eeo rrt snn aei mnu oii tre mmn iiu nnm eeo rrt snn aei mnu oii tre mmn iiu nnm eeo rrt snn aei mnu oii tre mmn iiu nnm eeo rrt snn aei mnu oii tre mmn iiu nnm eeo rrt snn aei mnu oii tre mmn iiu nnm eeo rrt snn aei mnu oii tre mmn iiu nnm eeo rrt snn aei mnu oii tre mmn iiu nnm eeo rrt snn aei mnu oii tre mmn iiu nnm eeo rrt snn aei mnu oii tre mmn iiu nnm eeo rrt snn aei mnu oii tre mmn iiu nnm eeo rrt snn aei mnu oii tre mmn iiu nnm eeo rrt snn aei mnu oii tre mmn iiu nnm eeo rrt snn aei mnu oii tre mmn iiu nnm eeo rrt snn aei mnu oii tre mmn iiu nnm eeo rrt snn aei mnu oii tre mmn iiu nnm eeo rrt snn aei mnu oii tre mmn iiu nnm eeo rrt snn aei mnu oii tre mmn iiu nnm eeo rrt snn aei mnu oii tre mmn iiu nnm eeo rrt snn aei mnu oii tre mmn iiu nnm eeo rrt snn aei mnu oii tre mmn iiu nnm eeo rrt snn aei mnu oii tre mmn iiu nnm eeo rrt snn aei mnu oii tre mmn iiu nnm eeo rrt snn aei mnu oii tre mmn iiu nnm eeo rrt snn aei mnu oii tre
Lowes and Lurss
MASTERTON
STOCK SALE
WEDNESDAY, 14th DECEMBER, 1892.
AT 1 O'CLOCK.
mmn iiu nnm eeo rrt snn aei mnu oii tre mmn iiu nnm eeo rrt snn aei mnu oii tre mmn iiu nnm eeo rrt snn aei mnu oii tre mmn iiu nnm eeo rrt snn aei mnu oii tre mmn iiu nnm eeo rrt snn aei mnu oii tre mmn iiu nnm eeo rrt snn aei mnu oii tre mmn iiu nnm eeo rrt snn aei mnu oii tre mmn iiu nnm eeo rrt snn aei mnu oii tre mmn iiu nnm eeo rrt snn aei mnu oii tre mmn iiu nnm eeo rrt snn aei mnu oii tre mmn iiu nnm eeo rrt snn aei mnu oii tre mmn iiu nnm eeo rrt snn aei mnu oii tre mmn iiu nnm eeo rrt snn aei mnu oii tre mmn iiu nnm eeo rrt snn aei mnu oii tre mmn iiu nnm eeo rrt snn aei mnu oii tre mmn iiu nnm eeo rrt snn aei mnu oii tre mmn iiu nnm eeo rrt snn aei mnu oii tre mmn iiu nnm eeo rrt snn aei mnu oii tre mmn iiu nnm eeo rrt snn aei mnu oii tre mmn iiu nnm eeo rrt snn aei mnu oii tre mmn iiu nnm eeo rrt snn aei mnu oii tre mmn iiu nnm eeo rrt snn aei mnu oii tre mmn iiu nnm eeo rrt snn aei mnu oii tre mmn iiu nnm eeo rrt snn aei mnu oii tre mmn iiu nnm eeo rrt snn aei mnu oii tre mmn iiu nnm eeo rrt snn aei mnu oii tre mmn iiu nnm eeo rrt snn aei mnu oii tre mmn iiu nnm eeo rrt snn aei mnu oii tre mmn iiu nnm eeo rrt snn aei mnu oii tre mmn iiu nnm eeo rrt snn aei mnu oii tre mmn iiu nnm eeo rrt snn aei mnu oii tre mmn iiu nnm eeo rrt snn aei mnu oii tre mmn iiu nnm eeo rrt snn aei mnu oii tre mmn iiu nnm eeo rrt snn aei mnu oii tre mmn iiu nnm eeo rrt snn aei mnu oii tre mmn iiu nnm eeo rrt snn aei mnu oii tre mmn iiu nnm eeo rrt snn aei mnu oii tre mmn iiu nnm eeo rrt snn aei mnu oii tre mmn iiu nnm eeo rrt snn aei mnu oii tre mmn iiu nnm eeo rrt snn aei mnu oii tre mmn iiu nnm eeo rrt snn aei mnu oii tre mmn iiu nnm eeo rrt snn aei mnu oii tre
FOR PRIVATE SALE.
A CAPITAL Freehold Farm of 420 acres, situate at Waipoua, 3 miles from Masterton.
mmn iiu nnm eeo rrt snn aei mnu oii tre mmn iiu nnm eeo rrt snn aei mnu oii tre mmn iiu nnm eeo rrt snn aei mnu oii tre mmn iiu nnm eeo rrt snn aei mnu oii tre mmn iiu nnm eeo rrt snn aei mnu oii tre mmn iiu nnm eeo rrt snn aei mnu oii tre mmn iiu nnm eeo rrt snn aei mnu oii tre mmn iiu nnm eeo rrt snn aei mnu oii tre mmn iiu nnm eeo rrt snn aei mnu oii tre mmn iiu nnm eeo rrt snn aei mnu oii tre mmn iiu nnm eeo rrt snn aei mnu oii tre mmn iiu nnm eeo rrt snn aei mnu oii tre mmn iiu nnm eeo rrt snn aei mnu oii tre mmn iiu nnm eeo rrt snn aei mnu oii tre mmn iiu nnm eeo rrt snn aei mnu oii tre mmn iiu nnm eeo rrt snn aei mnu oii tre mmn iiu nnm eeo rrt snn aei mnu oii tre mmn iiu nnm eeo rrt snn aei mnu oii tre mmn iiu nnm eeo rrt snn aei mnu oii tre mmn iiu nnm eeo rrt snn aei mnu oii tre mmn iiu nnm eeo rrt snn aei mnu oii tre mmn iiu nnm eeo rrt snn aei mnu oii tre mmn iiu nnm eeo rrt snn aei mnu oii tre mmn iiu nnm eeo rrt snn aei mnu oii tre
IMPORTANT UNRESERVED SALE
SATURDAY, 10th DECEMBER, 1892, AT 2 P.M.
mmn iiu nnm eeo rrt snn aei mnu oii tre mmn iiu nnm eeo rrt snn aei mnu oii tre mmn iiu nnm eeo rrt snn aei mnu oii tre mmn iiu nnm eeo rrt snn aei mnu oii tre mmn iiu nnm eeo rrt snn aei mnu oii tre mmn iiu nnm eeo rrt snn aei mnu oii tre mmn iiu nnm eeo rrt snn aei mnu oii tre mmn iiu nnm eeo rrt snn aei mnu oii tre mmn iiu nnm eeo rrt snn aei mnu oii tre mmn iiu nnm eeo rrt snn aei mnu oii tre mmn iiu nnm eeo rrt snn aei mnu oii tre mmn iiu nnm eeo rrt snn aei mnu oii tre mmn iiu nnm eeo rrt snn aei mnu oii tre mmn iiu nnm eeo rrt snn aei mnu oii tre mmn iiu nnm eeo rrt snn aei mnu oii tre mmn iiu nnm eeo rrt snn aei mnu oii tre mmn iiu nnm eeo rrt snn aei mnu oii tre mmn iiu nnm eeo rrt snn aei mnu oii tre mmn iiu nnm eeo rrt snn aei mnu oii tre mmn iiu nnm eeo rrt snn aei mnu oii tre mmn iiu nnm eeo rrt snn aei mnu oii tre mmn iiu nnm eeo rrt snn aei mnu oii tre mmn iiu nnm eeo rrt snn aei mnu oii tre mmn iiu nnm eeo rrt snn aei mnu oii tre mmn iiu nnm eeo rrt snn aei mnu oii tre mmn iiu nnm eeo rrt snn aei mnu oii tre mmn iiu nnm eeo rrt snn aei mnu oii tre mmn iiu nnm eeo rrt snn aei mnu oii tre mmn iiu nnm eeo rrt snn aei mnu oii tre mmn iiu nnm eeo rrt snn aei mnu oii tre mmn iiu nnm eeo rrt snn aei mnu oii tre mmn iiu nnm eeo rrt snn aei mnu oii tre mmn iiu nnm eeo rrt snn aei mnu oii tre mmn iiu nnm eeo rrt snn aei mnu oii tre mmn iiu nnm eeo rrt snn aei mnu oii tre mmn iiu nnm eeo rrt snn aei mnu oii tre mmn iiu nnm eeo rrt snn aei mnu oii tre mmn iiu nnm eeo rrt snn aei mnu oii tre mmn iiu nnm eeo rrt snn aei mnu oii tre mmn iiu nnm eeo rrt snn aei mnu oii tre mmn iiu nnm eeo rrt snn aei mnu oii tre mmn iiu nnm eeo rrt snn aei mnu oii tre mmn iiu nnm eeo rrt snn aei mnu oii tre mmn iiu nnm eeo rrt snn aei mnu oii tre mmn iiu nnm eeo rrt snn aei mnu oii tre mmn iiu nnm eeo rrt snn aei mnu oii tre mmn iiu nnm eeo rrt snn aei mnu oii tre mmn iiu nnm eeo rrt snn aei mnu oii tre mmn iiu nnm eeo rrt snn aei mnu oii tre mmn iiu nnm eeo rrt snn aei mnu oii tre mmn iiu nnm eeo rrt snn aei mnu oii tre mmn iiu nnm eeo rrt snn aei mnu oii tre mmn iiu nnm eeo rrt snn aei mnu oii tre mmn iiu nnm eeo rrt snn aei mnu oii tre mmn iiu nnm eeo rrt snn aei mnu oii tre mmn iiu nnm eeo rrt snn aei mnu oii tre mmn iiu nnm eeo rrt snn aei mnu oii tre mmn iiu nnm eeo rrt snn aei mnu oii tre mmn iiu nnm eeo rrt snn aei mnu oii tre mmn iiu nnm eeo rrt snn aei mnu oii tre mmn iiu nnm eeo rrt snn aei mnu oii tre mmn iiu nnm eeo rrt snn aei mnu oii tre mmn iiu nnm eeo rrt snn aei mnu oii tre mmn iiu nnm eeo rrt snn aei mnu oii tre mmn iiu nnm eeo rrt snn aei mnu oii tre mmn iiu nnm eeo rrt snn aei mnu oii tre
MASTERTON AUCTION ROOMS.
UNRESERVED SALE.
mmn iiu nnm eeo rrt snn aei mnu oii tre mmn iiu nnm eeo rrt snn aei mnu oii tre mmn iiu nnm eeo rrt snn aei mnu oii tre mmn iiu nnm eeo rrt snn aei mnu oii tre mmn iiu nnm eeo rrt snn aei mnu oii tre mmn iiu nnm eeo rrt snn aei mnu oii tre mmn iiu nnm eeo rrt snn aei mnu oii tre mmn iiu nnm eeo rrt snn aei mnu oii tre mmn iiu nnm eeo rrt snn aei mnu oii tre mmn iiu nnm eeo rrt snn aei mnu oii tre mmn iiu nnm eeo rrt snn aei mnu oii tre mmn iiu nnm eeo rrt snn aei mnu oii tre mmn iiu nnm eeo rrt snn aei mnu oii tre mmn iiu nnm eeo rrt snn aei mnu oii tre mmn iiu nnm eeo rrt snn aei mnu oii tre mmn iiu nnm eeo rrt snn aei mnu oii tre mmn iiu nnm eeo rrt snn aei mnu oii tre mmn iiu nnm eeo rrt snn aei mnu oii tre mmn iiu nnm eeo rrt snn aei mnu oii tre mmn iiu nnm eeo rrt snn aei mnu oii tre mmn iiu nnm eeo rrt snn aei mnu oii tre mmn iiu nnm eeo rrt snn aei mnu oii tre mmn iiu nnm eeo rrt snn aei mnu oii tre mmn iiu nnm eeo rrt snn aei mnu oii tre mmn iiu nnm eeo rrt snn aei mnu oii tre mmn iiu nnm eeo rrt snn aei mnu oii tre mmn iiu nnm eeo rrt snn aei mnu oii tre mmn iiu nnm eeo rrt snn aei mnu oii tre mmn iiu nnm eeo rrt snn aei mnu oii tre mmn iiu nnm eeo rrt snn aei mnu oii tre mmn iiu nnm eeo rrt snn aei mnu oii tre mmn iiu nnm eeo rrt snn aei mnu oii tre mmn iiu nnm eeo rrt snn aei mnu oii tre mmn iiu nnm eeo rrt snn aei mnu oii tre mmn iiu nnm eeo rrt snn aei mnu oii tre mmn iiu nnm eeo rrt snn aei mnu oii tre mmn iiu nnm eeo rrt snn aei mnu oii tre mmn iiu nnm eeo rrt snn aei mnu oii tre mmn iiu nnm eeo rrt snn aei mnu oii tre mmn iiu nnm eeo rrt snn aei mnu oii tre mmn iiu nnm eeo rrt snn aei mnu oii tre mmn iiu nnm eeo rrt snn aei mnu oii tre mmn iiu nnm eeo rrt snn aei mnu oii tre mmn iiu nnm eeo rrt snn aei mnu oii tre mmn iiu nnm eeo rrt snn aei mnu oii tre mmn iiu nnm eeo rrt snn aei mnu oii tre mmn iiu nnm eeo rrt snn aei mnu oii tre mmn iiu nnm eeo rrt snn aei mnu oii tre mmn iiu nnm eeo rrt snn aei mnu oii tre mmn iiu nnm eeo rrt snn aei mnu oii tre mmn iiu nnm eeo rrt snn aei mnu oii tre mmn iiu nnm eeo rrt snn aei mnu oii tre mmn iiu nnm eeo rrt snn aei mnu oii tre mmn iiu nnm eeo rrt snn aei mnu oii tre mmn iiu nnm eeo rrt snn aei mnu oii tre mmn iiu nnm eeo rrt snn aei mnu oii tre mmn iiu nnm eeo rrt snn aei mnu oii tre mmn iiu nnm eeo rrt snn aei mnu oii tre mmn iiu nnm eeo rrt snn aei mnu oii tre mmn iiu nnm eeo rrt snn aei mnu oii tre mmn iiu nnm eeo rrt snn aei mnu oii tre mmn iiu nnm eeo rrt snn aei mnu oii tre mmn iiu nnm eeo rrt snn aei mnu oii tre mmn iiu nnm eeo rrt snn aei mnu oii tre mmn iiu nnm eeo rrt snn aei mnu oii tre mmn iiu nnm eeo rrt snn aei mnu oii tre
NOTICE.
F. HOLLOWAY,
WISHES to inform the Residents of Masterton and the District that he will open his BUTCHERING ESTABLISHMENT.
mmn iiu nnm eeo rrt snn aei mnu oii tre mmn iiu nnm eeo rrt snn aei mnu oii tre mmn iiu nnm eeo rrt snn aei mnu oii tre mmn iiu nnm eeo rrt snn aei mnu oii tre mmn iiu nnm eeo rrt snn aei mnu oii tre mmn iiu nnm eeo rrt snn aei mnu oii tre mmn iiu nnm eeo rrt snn aei mnu oii tre mmn iiu nnm eeo rrt snn aei mnu oii tre mmn iiu nnm eeo rrt snn aei mnu oii tre mmn iiu nnm eeo rrt snn aei mnu oii tre mmn iiu nnm eeo rrt snn aei mnu oii tre mmn iiu nnm eeo rrt snn aei mnu oii tre mmn iiu nnm eeo rrt snn aei mnu oii tre mmn iiu nnm eeo rrt snn aei mnu oii tre mmn iiu nnm eeo rrt snn aei mnu oii tre mmn iiu nnm eeo rrt snn aei mnu oii tre mmn iiu nnm eeo rrt snn aei mnu oii tre mmn iiu nnm eeo rrt snn aei mnu oii tre mmn iiu nnm eeo rrt snn aei mnu oii tre mmn iiu nnm eeo rrt snn aei mnu oii tre mmn iiu nnm eeo rrt snn aei mnu oii tre mmn iiu nnm eeo rrt snn aei mnu oii tre mmn iiu nnm eeo rrt snn aei mnu oii tre mmn iiu nnm eeo rrt snn aei mnu oii tre
Galley Whisky.
WALTER PERRY,
FAMILY BUTCHER.
Queen Street, Masterton.
mmn iiu nnm eeo rrt snn aei mnu oii tre mmn iiu nnm eeo rrt snn aei mnu oii tre mmn iiu nnm eeo rrt snn aei mnu oii tre mmn iiu nnm eeo rrt snn aei mnu oii tre mmn iiu nnm eeo rrt snn aei mnu oii tre mmn iiu nnm eeo rrt snn aei mnu oii tre mmn iiu nnm eeo rrt snn aei mnu oii tre mmn iiu nnm eeo rrt snn aei mnu oii tre mmn iiu nnm eeo rrt snn aei mnu oii tre mmn iiu nnm eeo rrt snn aei mnu oii tre mmn iiu nnm eeo rrt snn aei mnu oii tre mmn iiu nnm eeo rrt snn aei mnu oii tre
MR CHARLES HUGHES,
IN connection with the above, having purchased Mr Perry's business.
mmn iiu nnm eeo rrt snn aei mnu oii tre mmn iiu nnm eeo rrt snn aei mnu oii tre mmn iiu nnm eeo rrt snn aei mnu oii tre mmn iiu nnm eeo rrt snn aei mnu oii tre mmn iiu nnm eeo rrt snn aei mnu oii tre mmn iiu nnm eeo rrt snn aei mnu oii tre mmn iiu nnm eeo rrt snn aei mnu oii tre mmn iiu nnm eeo rrt snn aei mnu oii tre mmn iiu nnm eeo rrt snn aei mnu oii tre mmn iiu nnm eeo rrt snn aei mnu oii tre mmn iiu nnm eeo rrt snn aei mnu oii tre mmn iiu nnm eeo rrt snn aei mnu oii tre
THE UNITED FARMERS' ALLIANCE LIMITED.
NOTICE.
mmn iiu nnm eeo rrt snn aei mnu oii tre mmn iiu nnm eeo rrt snn aei mnu oii tre mmn iiu nnm eeo rrt snn aei mnu oii tre mmn iiu nnm eeo rrt snn aei mnu oii tre mmn iiu nnm eeo rrt snn aei mnu oii tre mmn iiu nnm eeo rrt snn aei mnu oii tre mmn iiu nnm eeo rrt snn aei mnu oii tre mmn iiu nnm eeo rrt snn aei mnu oii tre mmn iiu nnm eeo rrt snn aei mnu oii tre mmn iiu nnm eeo rrt snn aei mnu oii tre mmn iiu nnm eeo rrt snn aei mnu oii tre mmn iiu nnm eeo rrt snn aei mnu oii tre mmn iiu nnm eeo rrt snn aei mnu oii tre mmn iiu nnm eeo rrt snn aei mnu oii tre mmn iiu nnm eeo rrt snn aei mnu oii tre mmn iiu nnm eeo rrt snn aei mnu oii tre mmn iiu nnm eeo rrt snn aei mnu oii tre mmn iiu nnm eeo rrt snn aei mnu oii tre mmn iiu nnm eeo rrt snn aei mnu oii tre mmn iiu nnm eeo rrt snn aei mnu oii tre mmn iiu nnm eeo rrt snn aei mnu oii tre mmn iiu nnm eeo rrt snn aei mnu oii tre mmn iiu nnm eeo rrt snn aei mnu oii tre mmn iiu nnm eeo rrt snn aei mnu oii tre
J. B. JUGGINS,
LAND, ESTATE, STOCK, STATION AGENT AND VALUATOR.
mmn iiu nnm eeo rrt snn aei mnu oii tre mmn iiu nnm eeo rrt snn aei mnu oii tre mmn iiu nnm eeo rrt snn aei mnu oii tre mmn iiu nnm eeo rrt snn aei mnu oii tre mmn iiu nnm eeo rrt snn aei mnu oii tre mmn iiu nnm eeo rrt snn aei mnu oii tre mmn iiu nnm eeo rrt snn aei mnu oii tre mmn iiu nnm eeo rrt snn aei mnu oii tre mmn iiu nnm eeo rrt snn aei mnu oii tre mmn iiu nnm eeo rrt snn aei mnu oii tre mmn iiu nnm eeo rrt snn aei mnu oii tre mmn iiu nnm eeo rrt snn aei mnu oii tre mmn iiu nnm eeo rrt snn aei mnu oii tre mmn iiu nnm eeo rrt snn aei mnu oii tre mmn iiu nnm eeo rrt snn aei mnu oii tre mmn iiu nnm eeo rrt snn aei mnu oii tre mmn iiu nnm eeo rrt snn aei mnu oii tre mmn iiu nnm eeo rrt snn aei mnu oii tre mmn iiu nnm eeo rrt snn aei mnu oii tre mmn iiu nnm eeo rrt snn aei mnu oii tre mmn iiu nnm eeo rrt snn aei mnu oii tre mmn iiu nnm eeo rrt snn aei mnu oii tre mmn iiu nnm eeo rrt snn aei mnu oii tre mmn iiu nnm eeo rrt snn aei mnu oii tre
C. E. DANIELL,
Hardware Store,
QUEEN STREET, MASTERTON.
mmn iiu nnm eeo rrt snn aei mnu oii tre mmn iiu nnm eeo rrt snn aei mnu oii tre mmn iiu nnm eeo rrt snn aei mnu oii tre mmn iiu nnm eeo rrt snn aei mnu oii tre mmn iiu nnm eeo rrt snn aei mnu oii tre mmn iiu nnm eeo rrt snn aei mnu oii tre mmn iiu nnm eeo rrt snn aei mnu oii tre mmn iiu nnm eeo rrt snn aei mnu oii tre mmn iiu nnm eeo rrt snn aei mnu oii tre mmn iiu nnm eeo rrt snn aei mnu oii tre mmn iiu nnm eeo rrt snn aei mnu oii tre mmn iiu nnm eeo rrt snn aei mnu oii tre mmn iiu nnm eeo rrt snn aei mnu oii tre mmn iiu nnm eeo rrt snn aei mnu oii tre mmn iiu nnm eeo rrt snn aei mnu oii tre mmn iiu nnm eeo rrt snn aei mnu oii tre mmn iiu nnm eeo rrt snn aei mnu oii tre mmn iiu nnm eeo rrt snn aei mnu oii tre mmn iiu nnm eeo rrt snn aei mnu oii tre mmn iiu nnm eeo rrt snn aei mnu oii tre mmn iiu nnm eeo rrt snn aei mnu oii tre mmn iiu nnm eeo rrt snn aei mnu oii tre mmn iiu nnm eeo rrt snn aei mnu oii tre mmn iiu nnm eeo rrt snn aei mnu oii tre mmn iiu nnm eeo rrt snn aei mnu oii tre mmn iiu nnm eeo rrt snn aei mnu oii tre mmn iiu nnm eeo rrt snn aei mnu oii tre mmn iiu nnm eeo rrt snn aei mnu oii tre mmn iiu nnm eeo rrt snn aei mnu oii tre mmn iiu nnm eeo rrt snn aei mnu oii tre mmn iiu nnm eeo rrt snn aei mnu oii tre mmn iiu nnm eeo rrt snn aei mnu oii tre mmn iiu nnm eeo rrt snn aei mnu oii tre mmn iiu nnm eeo rrt snn aei mnu oii tre mmn iiu nnm eeo rrt snn aei mnu oii tre mmn iiu nnm eeo rrt snn aei mnu oii tre mmn iiu nnm eeo rrt snn aei mnu oii tre mmn iiu nnm eeo rrt snn aei mnu oii tre mmn iiu nnm eeo rrt snn aei mnu oii tre mmn iiu nnm eeo rrt snn aei mnu oii tre mmn iiu nnm eeo rrt snn aei mnu oii tre mmn iiu nnm eeo rrt snn aei mnu oii tre
KINSEY,
THE PRACTICAL
PHOTOGRAPHER,
LAMBTON QUAY, WELLINGTON.
PRICE LIST—
One Cabinet	5s
Six Cabinets	12s 6d
Twelve Cabinets	21s 6d
mmn iiu nnm eeo rrt snn aei mnu oii tre mmn iiu nnm eeo rrt snn aei mnu oii tre mmn iiu nnm eeo rrt snn aei mnu oii tre mmn iiu nnm eeo rrt snn aei mnu oii tre mmn iiu nnm eeo rrt snn aei mnu oii tre mmn iiu nnm eeo rrt snn aei mnu oii tre mmn iiu nnm eeo rrt snn aei mnu oii tre mmn iiu nnm eeo rrt snn aei mnu oii tre mmn iiu nnm eeo rrt snn aei mnu oii tre mmn iiu nnm eeo rrt snn aei mnu oii tre mmn iiu nnm eeo rrt snn aei mnu oii tre mmn iiu nnm eeo rrt snn aei mnu oii tre mmn iiu nnm eeo rrt snn aei mnu oii tre mmn iiu nnm eeo rrt snn aei mnu oii tre mmn iiu nnm eeo rrt snn aei mnu oii tre mmn iiu nnm eeo rrt snn aei mnu oii tre mmn iiu nnm eeo rrt snn aei mnu oii tre mmn iiu nnm eeo rrt snn aei mnu oii tre mmn iiu nnm eeo rrt snn aei mnu oii tre mmn iiu nnm eeo rrt snn aei mnu oii tre mmn iiu nnm eeo rrt snn aei mnu oii tre mmn iiu nnm eeo rrt snn aei mnu oii tre mmn iiu nnm eeo rrt snn aei mnu oii tre mmn iiu nnm eeo rrt snn aei mnu oii tre
THEATRE ROYAL,
MASTERTON — QUEEN STREET.
EXTRAORDINARY ENGAGEMENT.
WEDNESDAY, DECEMBER 7th
DIRECT FROM AMERICA,
STEEN-SMITH
mmn iiu nnm eeo rrt snn aei mnu oii tre mmn iiu nnm eeo rrt snn aei mnu oii tre mmn iiu nnm eeo rrt snn aei mnu oii tre mmn iiu nnm eeo rrt snn aei mnu oii tre mmn iiu nnm eeo rrt snn aei mnu oii tre mmn iiu nnm eeo rrt snn aei mnu oii tre mmn iiu nnm eeo rrt snn aei mnu oii tre mmn iiu nnm eeo rrt snn aei mnu oii tre mmn iiu nnm eeo rrt snn aei mnu oii tre mmn iiu nnm eeo rrt snn aei mnu oii tre mmn iiu nnm eeo rrt snn aei mnu oii tre mmn iiu nnm eeo rrt snn aei mnu oii tre mmn iiu nnm eeo rrt snn aei mnu oii tre mmn iiu nnm eeo rrt snn aei mnu oii tre mmn iiu nnm eeo rrt snn aei mnu oii tre mmn iiu nnm eeo rrt snn aei mnu oii tre mmn iiu nnm eeo rrt snn aei mnu oii tre mmn iiu nnm eeo rrt snn aei mnu oii tre mmn iiu nnm eeo rrt snn aei mnu oii tre mmn iiu nnm eeo rrt snn aei mnu oii tre mmn iiu nnm eeo rrt snn aei mnu oii tre mmn iiu nnm eeo rrt snn aei mnu oii tre mmn iiu nnm eeo rrt snn aei mnu oii tre mmn iiu nnm eeo rrt snn aei mnu oii tre mmn iiu nnm eeo rrt snn aei mnu oii tre mmn iiu nnm eeo rrt snn aei mnu oii tre mmn iiu nnm eeo rrt snn aei mnu oii tre mmn iiu nnm eeo rrt snn aei mnu oii tre mmn iiu nnm eeo rrt snn aei mnu oii tre mmn iiu nnm eeo rrt snn aei mnu oii tre mmn iiu nnm eeo rrt snn aei mnu oii tre mmn iiu nnm eeo rrt snn aei mnu oii tre mmn iiu nnm eeo rrt snn aei mnu oii tre mmn iiu nnm eeo rrt snn aei mnu oii tre mmn iiu nnm eeo rrt snn aei mnu oii tre mmn iiu nnm eeo rrt snn aei mnu oii tre mmn iiu nnm eeo rrt snn aei mnu oii tre mmn iiu nnm eeo rrt snn aei mnu oii tre mmn iiu nnm eeo rrt snn aei mnu oii tre mmn iiu nnm eeo rrt snn aei mnu oii tre mmn iiu nnm eeo rrt snn aei mnu oii tre mmn iiu nnm eeo rrt snn aei mnu oii tre mmn iiu nnm eeo rrt snn aei mnu oii tre mmn iiu nnm eeo rrt snn aei mnu oii tre mmn iiu nnm eeo rrt snn aei mnu oii tre mmn iiu nnm eeo rrt snn aei mnu oii tre mmn iiu nnm eeo rrt snn aei mnu oii tre mmn iiu nnm eeo rrt snn aei mnu oii tre mmn iiu nnm eeo rrt snn aei mnu oii tre mmn iiu nnm eeo rrt snn aei mnu oii tre mmn iiu nnm eeo rrt snn aei mnu oii tre mmn iiu nnm eeo rrt snn aei mnu oii tre mmn iiu nnm eeo rrt snn aei mnu oii tre mmn iiu nnm eeo rrt snn aei mnu oii tre mmn iiu nnm eeo rrt snn aei mnu oii tre mmn iiu nnm eeo rrt snn aei mnu oii tre mmn iiu nnm eeo rrt snn aei mnu oii tre mmn iiu nnm eeo rrt snn aei mnu oii tre mmn iiu nnm eeo rrt snn aei mnu oii tre mmn iiu nnm eeo rrt snn aei mnu oii tre mmn iiu nnm eeo rrt snn aei mnu oii tre mmn iiu nnm eeo rrt snn aei mnu oii tre mmn iiu nnm eeo rrt snn aei mnu oii tre mmn iiu nnm eeo rrt snn aei mnu oii tre mmn iiu nnm eeo rrt snn aei mnu oii tre mmn iiu nnm eeo rrt snn aei mnu oii tre
C. Tilliard Natusch,
ARCHITECT,
Hall-street, Masterton.
mmn iiu nnm eeo rrt snn aei mnu oii tre mmn iiu nnm eeo rrt snn aei mnu oii tre mmn iiu nnm eeo rrt snn aei mnu oii tre mmn iiu nnm eeo rrt snn aei mnu oii tre mmn iiu nnm eeo rrt snn aei mnu oii tre mmn iiu nnm eeo rrt snn aei mnu oii tre mmn iiu nnm eeo rrt snn aei mnu oii tre mmn iiu nnm eeo rrt snn aei mnu oii tre mmn iiu nnm eeo rrt snn aei mnu oii tre mmn iiu nnm eeo rrt snn aei mnu oii tre mmn iiu nnm eeo rrt snn aei mnu oii tre mmn iiu nnm eeo rrt snn aei mnu oii tre
PHOTOGRAPHY
OPAL Bromide, Paper and Silver Print Enlargements.
mmn iiu nnm eeo rrt snn aei mnu oii tre mmn iiu nnm eeo rrt snn aei mnu oii tre mmn iiu nnm eeo rrt snn aei mnu oii tre mmn iiu nnm eeo rrt snn aei mnu oii tre mmn iiu nnm eeo rrt snn aei mnu oii tre mmn iiu nnm eeo rrt snn aei mnu oii tre mmn iiu nnm eeo rrt snn aei mnu oii tre mmn iiu nnm eeo rrt snn aei mnu oii tre mmn iiu nnm eeo rrt snn aei mnu oii tre mmn iiu nnm eeo rrt snn aei mnu oii tre mmn iiu nnm eeo rrt snn aei mnu oii tre mmn iiu nnm eeo rrt snn aei mnu oii tre mmn iiu nnm eeo rrt snn aei mnu oii tre mmn iiu nnm eeo rrt snn aei mnu oii tre mmn iiu nnm eeo rrt snn aei mnu oii tre mmn iiu nnm eeo rrt snn aei mnu oii tre mmn iiu nnm eeo rrt snn aei mnu oii tre mmn iiu nnm eeo rrt snn aei mnu oii tre mmn iiu nnm eeo rrt snn aei mnu oii tre mmn iiu nnm eeo rrt snn aei mnu oii tre mmn iiu nnm eeo rrt snn aei mnu oii tre mmn iiu nnm eeo rrt snn aei mnu oii tre mmn iiu nnm eeo rrt snn aei mnu oii tre mmn iiu nnm eeo rrt snn aei mnu oii tre
THOS. ED. PRICE
MASTERTON
Another Bankrupt Stock Sale.
Immense Bargains
W. BELL.
6s 11d in the £
mmn iiu nnm eeo rrt snn aei mnu oii tre mmn iiu nnm eeo rrt snn aei mnu oii tre mmn iiu nnm eeo rrt snn aei mnu oii tre mmn iiu nnm eeo rrt snn aei mnu oii tre mmn iiu nnm eeo rrt snn aei mnu oii tre mmn iiu nnm eeo rrt snn aei mnu oii tre mmn iiu nnm eeo rrt snn aei mnu oii tre mmn iiu nnm eeo rrt snn aei mnu oii tre mmn iiu nnm eeo rrt snn aei mnu oii tre mmn iiu nnm eeo rrt snn aei mnu oii tre mmn iiu nnm eeo rrt snn aei mnu oii tre mmn iiu nnm eeo rrt snn aei mnu oii tre mmn iiu nnm eeo rrt snn aei mnu oii tre mmn iiu nnm eeo rrt snn aei mnu oii tre mmn iiu nnm eeo rrt snn aei mnu oii tre mmn iiu nnm eeo rrt snn aei mnu oii tre mmn iiu nnm eeo rrt snn aei mnu oii tre mmn iiu nnm eeo rrt snn aei mnu oii tre mmn iiu nnm eeo rrt snn aei mnu oii tre mmn iiu nnm eeo rrt snn aei mnu oii tre mmn iiu nnm eeo rrt snn aei mnu oii tre mmn iiu nnm eeo rrt snn aei mnu oii tre mmn iiu nnm eeo rrt snn aei mnu oii tre mmn iiu nnm eeo rrt snn aei mnu oii tre mmn iiu nnm eeo rrt snn aei mnu oii tre mmn iiu nnm eeo rrt snn aei mnu oii tre mmn iiu nnm eeo rrt snn aei mnu oii tre mmn iiu nnm eeo rrt snn aei mnu oii tre mmn iiu nnm eeo rrt snn aei mnu oii tre mmn iiu nnm eeo rrt snn aei mnu oii tre mmn iiu nnm eeo rrt snn aei mnu oii tre mmn iiu nnm eeo rrt snn aei mnu oii tre mmn iiu nnm eeo rrt snn aei mnu oii tre mmn iiu nnm eeo rrt snn aei mnu oii tre mmn iiu nnm eeo rrt snn aei mnu oii tre mmn iiu nnm eeo rrt snn aei mnu oii tre mmn iiu nnm eeo rrt snn aei mnu oii tre mmn iiu nnm eeo rrt snn aei mnu oii tre mmn iiu nnm eeo rrt snn aei mnu oii tre mmn iiu nnm eeo rrt snn aei mnu oii tre mmn iiu nnm eeo rrt snn aei mnu oii tre mmn iiu nnm eeo rrt snn aei mnu oii tre mmn iiu nnm eeo rrt snn aei mnu oii tre mmn iiu nnm eeo rrt snn aei mnu oii tre mmn iiu nnm eeo rrt snn aei mnu oii tre mmn iiu nnm eeo rrt snn aei mnu oii tre mmn iiu nnm eeo rrt snn aei mnu oii tre mmn iiu nnm eeo rrt snn aei mnu oii tre mmn iiu nnm eeo rrt snn aei mnu oii tre mmn iiu nnm eeo rrt snn aei mnu oii tre mmn iiu nnm eeo rrt snn aei mnu oii tre mmn iiu nnm eeo rrt snn aei mnu oii tre mmn iiu nnm eeo rrt snn aei mnu oii tre mmn iiu nnm eeo rrt snn aei mnu oii tre mmn iiu nnm eeo rrt snn aei mnu oii tre mmn iiu nnm eeo rrt snn aei mnu oii tre mmn iiu nnm eeo rrt snn aei mnu oii tre mmn iiu nnm eeo rrt snn aei mnu oii tre mmn iiu nnm eeo rrt snn aei mnu oii tre mmn iiu nnm eeo rrt snn aei mnu oii tre mmn iiu nnm eeo rrt snn aei mnu oii tre mmn iiu nnm eeo rrt snn aei mnu oii tre mmn iiu nnm eeo rrt snn aei mnu oii tre mmn iiu nnm eeo rrt snn aei mnu oii tre mmn iiu nnm eeo rrt snn aei mnu oii tre mmn iiu nnm eeo rrt snn aei mnu oii tre
W. BELL,
PROPRIETOR.
A REALLY GOOD PIANO
FOR HIRE PURPOSES
mmn iiu nnm eeo rrt snn aei mnu oii tre mmn iiu nnm eeo rrt snn aei mnu oii tre mmn iiu nnm eeo rrt snn aei mnu oii tre mmn iiu nnm eeo rrt snn aei mnu oii tre mmn iiu nnm eeo rrt snn aei mnu oii tre mmn iiu nnm eeo rrt snn aei mnu oii tre mmn iiu nnm eeo rrt snn aei mnu oii tre mmn iiu nnm eeo rrt snn aei mnu oii tre mmn iiu nnm eeo rrt snn aei mnu oii tre mmn iiu nnm eeo rrt snn aei mnu oii tre mmn iiu nnm eeo rrt snn aei mnu oii tre mmn iiu nnm eeo rrt snn aei mnu oii tre mmn iiu nnm eeo rrt snn aei mnu oii tre mmn iiu nnm eeo rrt snn aei mnu oii tre mmn iiu nnm eeo rrt snn aei mnu oii tre mmn iiu nnm eeo rrt snn aei mnu oii tre mmn iiu nnm eeo rrt snn aei mnu oii tre mmn iiu nnm eeo rrt snn aei mnu oii tre mmn iiu nnm eeo rrt snn aei mnu oii tre mmn iiu nnm eeo rrt snn aei mnu oii tre mmn iiu nnm eeo rrt snn aei mnu oii tre mmn iiu nnm eeo rrt snn aei mnu oii tre mmn iiu nnm eeo rrt snn aei mnu oii tre mmn iiu nnm eeo rrt snn aei mnu oii tre
T. G. MASON,
PHARMACEUTICAL CHEMIST, &c., MASTERTON
mmn iiu nnm eeo rrt snn aei mnu oii tre mmn iiu nnm eeo rrt snn aei mnu oii tre mmn iiu nnm eeo rrt snn aei mnu oii tre mmn iiu nnm eeo rrt snn aei mnu oii tre mmn iiu nnm eeo rrt snn aei mnu oii tre mmn iiu nnm eeo rrt snn aei mnu oii tre mmn iiu nnm eeo rrt snn aei mnu oii tre mmn iiu nnm eeo rrt snn aei mnu oii tre mmn iiu nnm eeo rrt snn aei mnu oii tre mmn iiu nnm eeo rrt snn aei mnu oii tre mmn iiu nnm eeo rrt snn aei mnu oii tre mmn iiu nnm eeo rrt snn aei mnu oii tre
MONEY TO LEND.
THE Wairarapa Farmers' Co-operative Association are prepared to lend money on approved freehold security.
THE DETECTIVE
TATOO EAR-MARKER
OR BRAND
mmn iiu nnm eeo rrt snn aei mnu oii tre mmn iiu nnm eeo rrt snn aei mnu oii tre mmn iiu nnm eeo rrt snn aei mnu oii tre mmn iiu nnm eeo rrt snn aei mnu oii tre mmn iiu nnm eeo rrt snn aei mnu oii tre mmn iiu nnm eeo rrt snn aei mnu oii tre mmn iiu nnm eeo rrt snn aei mnu oii tre mmn iiu nnm eeo rrt snn aei mnu oii tre mmn iiu nnm eeo rrt snn aei mnu oii tre mmn iiu nnm eeo rrt snn aei mnu oii tre mmn iiu nnm eeo rrt snn aei mnu oii tre mmn iiu nnm eeo rrt snn aei mnu oii tre mmn iiu nnm eeo rrt snn aei mnu oii tre mmn iiu nnm eeo rrt snn aei mnu oii tre mmn iiu nnm eeo rrt snn aei mnu oii tre mmn iiu nnm eeo rrt snn aei mnu oii tre mmn iiu nnm eeo rrt snn aei mnu oii tre mmn iiu nnm eeo rrt snn aei mnu oii tre mmn iiu nnm eeo rrt snn aei mnu oii tre mmn iiu nnm eeo rrt snn aei mnu oii tre mmn iiu nnm eeo rrt snn aei mnu oii tre mmn iiu nnm eeo rrt snn aei mnu oii tre mmn iiu nnm eeo rrt snn aei mnu oii tre mmn iiu nnm eeo rrt snn aei mnu oii tre mmn iiu nnm eeo rrt snn aei mnu oii tre mmn iiu nnm eeo rrt snn aei mnu oii tre mmn iiu nnm eeo rrt snn aei mnu oii tre mmn iiu nnm eeo rrt snn aei mnu oii tre mmn iiu nnm eeo rrt snn aei mnu oii tre mmn iiu nnm eeo rrt snn aei mnu oii tre mmn iiu nnm eeo rrt snn aei mnu oii tre mmn iiu nnm eeo rrt snn aei mnu oii tre mmn iiu nnm eeo rrt snn aei mnu oii tre mmn iiu nnm eeo rrt snn aei mnu oii tre mmn iiu nnm eeo rrt snn aei mnu oii tre mmn iiu nnm eeo rrt snn aei mnu oii tre mmn iiu nnm eeo rrt snn aei mnu oii tre mmn iiu nnm eeo rrt snn aei mnu oii tre mmn iiu nnm eeo rrt snn aei mnu oii tre mmn iiu nnm eeo rrt snn aei mnu oii tre mmn iiu nnm eeo rrt snn aei mnu oii tre mmn iiu nnm eeo rrt snn aei mnu oii tre
WAIRARAPA FARMERS' CO-OPERATIVE ASSOCIATION
(LIMITED.)
THE ARRIVAL OF
379—TRUNKS—379
BOOTS AND SHOES.
R. HANNAH AND CO.
mmn iiu nnm eeo rrt snn aei mnu oii tre mmn iiu nnm eeo rrt snn aei mnu oii tre mmn iiu nnm eeo rrt snn aei mnu oii tre mmn iiu nnm eeo rrt snn aei mnu oii tre mmn iiu nnm eeo rrt snn aei mnu oii tre mmn iiu nnm eeo rrt snn aei mnu oii tre mmn iiu nnm eeo rrt snn aei mnu oii tre mmn iiu nnm eeo rrt snn aei mnu oii tre mmn iiu nnm eeo rrt snn aei mnu oii tre mmn iiu nnm eeo rrt snn aei mnu oii tre mmn iiu nnm eeo rrt snn aei mnu oii tre mmn iiu nnm eeo rrt snn aei mnu oii tre mmn iiu nnm eeo rrt snn aei mnu oii tre mmn iiu nnm eeo rrt snn aei mnu oii tre mmn iiu nnm eeo rrt snn aei mnu oii tre mmn iiu nnm eeo rrt snn aei mnu oii tre mmn iiu nnm eeo rrt snn aei mnu oii tre mmn iiu nnm eeo rrt snn aei mnu oii tre mmn iiu nnm eeo rrt snn aei mnu oii tre mmn iiu nnm eeo rrt snn aei mnu oii tre mmn iiu nnm eeo rrt snn aei mnu oii tre mmn iiu nnm eeo rrt snn aei mnu oii tre mmn iiu nnm eeo rrt snn aei mnu oii tre mmn iiu nnm eeo rrt snn aei mnu oii tre mmn iiu nnm eeo rrt snn aei mnu oii tre mmn iiu nnm eeo rrt snn aei mnu oii tre mmn iiu nnm eeo rrt snn aei mnu oii tre mmn iiu nnm eeo rrt snn aei mnu oii tre mmn iiu nnm eeo rrt snn aei mnu oii tre mmn iiu nnm eeo rrt snn aei mnu oii tre mmn iiu nnm eeo rrt snn aei mnu oii tre mmn iiu nnm eeo rrt snn aei mnu oii tre mmn iiu nnm eeo rrt snn aei mnu oii tre mmn iiu nnm eeo rrt snn aei mnu oii tre mmn iiu nnm eeo rrt snn aei mnu oii tre mmn iiu nnm eeo rrt snn aei mnu oii tre mmn iiu nnm eeo rrt snn aei mnu oii tre mmn iiu nnm eeo rrt snn aei mnu oii tre mmn iiu nnm eeo rrt snn aei mnu oii tre mmn iiu nnm eeo rrt snn aei mnu oii tre mmn iiu nnm eeo rrt snn aei mnu oii tre mmn iiu nnm eeo rrt snn aei mnu oii tre mmn iiu nnm eeo rrt snn aei mnu oii tre mmn iiu nnm eeo rrt snn aei mnu oii tre mmn iiu nnm eeo rrt snn aei mnu oii tre mmn iiu nnm eeo rrt snn aei mnu oii tre mmn iiu nnm eeo rrt snn aei mnu oii tre mmn iiu nnm eeo rrt snn aei mnu oii tre mmn iiu nnm eeo rrt snn aei mnu oii tre mmn iiu nnm eeo rrt snn aei mnu oii tre mmn iiu nnm eeo rrt snn aei mnu oii tre mmn iiu nnm eeo rrt snn aei mnu oii tre mmn iiu nnm eeo rrt snn aei mnu oii tre mmn iiu nnm eeo rrt snn aei mnu oii tre mmn iiu nnm eeo rrt snn aei mnu oii tre mmn iiu nnm eeo rrt snn aei mnu oii tre mmn iiu nnm eeo rrt snn aei mnu oii tre mmn iiu nnm eeo rrt snn aei mnu oii tre mmn iiu nnm eeo rrt snn aei mnu oii tre mmn iiu nnm eeo rrt snn aei mnu oii tre mmn iiu nnm eeo rrt snn aei mnu oii tre mmn iiu nnm eeo rrt snn aei mnu oii tre mmn iiu nnm eeo rrt snn aei mnu oii tre mmn iiu nnm eeo rrt snn aei mnu oii tre mmn iiu nnm eeo rrt snn aei mnu oii tre mmn iiu nnm eeo rrt snn aei mnu oii tre
R. HANNAH AND CO.
QUEEN-STREET, MASTERTON.
H. PETERSON,
STEAM COACH FACTORY.
mmn iiu nnm eeo rrt snn aei mnu oii tre mmn iiu nnm eeo rrt snn aei mnu oii tre mmn iiu nnm eeo rrt snn aei mnu oii tre mmn iiu nnm eeo rrt snn aei mnu oii tre mmn iiu nnm eeo rrt snn aei mnu oii tre mmn iiu nnm eeo rrt snn aei mnu oii tre mmn iiu nnm eeo rrt snn aei mnu oii tre mmn iiu nnm eeo rrt snn aei mnu oii tre mmn iiu nnm eeo rrt snn aei mnu oii tre mmn iiu nnm eeo rrt snn aei mnu oii tre mmn iiu nnm eeo rrt snn aei mnu oii tre mmn iiu nnm eeo rrt snn aei mnu oii tre
JAMES MUIR,
COACHBUILDER, ENGINEER, AND GENERAL SMITH.
mmn iiu nnm eeo rrt snn aei mnu oii tre mmn iiu nnm eeo rrt snn aei mnu oii tre mmn iiu nnm eeo rrt snn aei mnu oii tre mmn iiu nnm eeo rrt snn aei mnu oii tre mmn iiu nnm eeo rrt snn aei mnu oii tre mmn iiu nnm eeo rrt snn aei mnu oii tre mmn iiu nnm eeo rrt snn aei mnu oii tre mmn iiu nnm eeo rrt snn aei mnu oii tre mmn iiu nnm eeo rrt snn aei mnu oii tre mmn iiu nnm eeo rrt snn aei mnu oii tre mmn iiu nnm eeo rrt snn aei mnu oii tre mmn iiu nnm eeo rrt snn aei mnu oii tre mmn iiu nnm eeo rrt snn aei mnu oii tre mmn iiu nnm eeo rrt snn aei mnu oii tre mmn iiu nnm eeo rrt snn aei mnu oii tre mmn iiu nnm eeo rrt snn aei mnu oii tre mmn iiu nnm eeo rrt snn aei mnu oii tre mmn iiu nnm eeo rrt snn aei mnu oii tre mmn iiu nnm eeo rrt snn aei mnu oii tre mmn iiu nnm eeo rrt snn aei mnu oii tre mmn iiu nnm eeo rrt snn aei mnu oii tre mmn iiu nnm eeo rrt snn aei mnu oii tre mmn iiu nnm eeo rrt snn aei mnu oii tre mmn iiu nnm eeo rrt snn aei mnu oii tre mmn iiu nnm eeo rrt snn aei mnu oii tre mmn iiu nnm eeo rrt snn aei mnu oii tre mmn iiu nnm eeo rrt snn aei mnu oii tre mmn iiu nnm eeo rrt snn aei mnu oii tre mmn iiu nnm eeo rrt snn aei mnu oii tre mmn iiu nnm eeo rrt snn aei mnu oii tre mmn iiu nnm eeo rrt snn aei mnu oii tre mmn iiu nnm eeo rrt snn aei mnu oii tre mmn iiu nnm eeo rrt snn aei mnu oii tre mmn iiu nnm eeo rrt snn aei mnu oii tre mmn iiu nnm eeo rrt snn aei mnu oii tre mmn iiu nnm eeo rrt snn aei mnu oii tre mmn iiu nnm eeo rrt snn aei mnu oii tre mmn iiu nnm eeo rrt snn aei mnu oii tre mmn iiu nnm eeo rrt snn aei mnu oii tre mmn iiu nnm eeo rrt snn aei mnu oii tre mmn iiu nnm eeo rrt snn aei mnu oii tre mmn iiu nnm eeo rrt snn aei mnu oii tre
Railway Scouring House,
Hall Street, Masterton.
mmn iiu nnm eeo rrt snn aei mnu oii tre mmn iiu nnm eeo rrt snn aei mnu oii tre mmn iiu nnm eeo rrt snn aei mnu oii tre mmn iiu nnm eeo rrt snn aei mnu oii tre mmn iiu nnm eeo rrt snn aei mnu oii tre mmn iiu nnm eeo rrt snn aei mnu oii tre mmn iiu nnm eeo rrt snn aei mnu oii tre mmn iiu nnm eeo rrt snn aei mnu oii tre mmn iiu nnm eeo rrt snn aei mnu oii tre mmn iiu nnm eeo rrt snn aei mnu oii tre mmn iiu nnm eeo rrt snn aei mnu oii tre mmn iiu nnm eeo rrt snn aei mnu oii tre mmn iiu nnm eeo rrt snn aei mnu oii tre mmn iiu nnm eeo rrt snn aei mnu oii tre mmn iiu nnm eeo rrt snn aei mnu oii tre mmn iiu nnm eeo rrt snn aei mnu oii tre mmn iiu nnm eeo rrt snn aei mnu oii tre mmn iiu nnm eeo rrt snn aei mnu oii tre mmn iiu nnm eeo rrt snn aei mnu oii tre mmn iiu nnm eeo rrt snn aei mnu oii tre mmn iiu nnm eeo rrt snn aei mnu oii tre mmn iiu nnm eeo rrt snn aei mnu oii tre mmn iiu nnm eeo rrt snn aei mnu oii tre mmn iiu nnm eeo rrt snn aei mnu oii tre
FRED. WRIGHT,
PROPRIETOR.
WANTED to SELL—By H. Jones, Wood Cutter, Upper Plain Road, Seven good milch Cows.
WANTED—A Good Ploughman. Apply to W. Cowan, Masterton.
WANTED—A Boy for shop work. Apply this office.
WANTED—Two horses for summer. Apply this office.
mmn iiu nnm eeo rrt snn aei mnu oii tre mmn iiu nnm eeo rrt snn aei mnu oii tre mmn iiu nnm eeo rrt snn aei mnu oii tre mmn iiu nnm eeo rrt snn aei mnu oii tre mmn iiu nnm eeo rrt snn aei mnu oii tre mmn iiu nnm eeo rrt snn aei mnu oii tre mmn iiu nnm eeo rrt snn aei mnu oii tre mmn iiu nnm eeo rrt snn aei mnu oii tre mmn iiu nnm eeo rrt snn aei mnu oii tre mmn iiu nnm eeo rrt snn aei mnu oii tre mmn iiu nnm eeo rrt snn aei mnu oii tre mmn iiu nnm eeo rrt snn aei mnu oii tre mmn iiu nnm eeo rrt snn aei mnu oii tre mmn iiu nnm eeo rrt snn aei mnu oii tre mmn iiu nnm eeo rrt snn aei mnu oii tre mmn iiu nnm eeo rrt snn aei mnu oii tre mmn iiu nnm eeo rrt snn aei mnu oii tre mmn iiu nnm eeo rrt snn aei mnu oii tre mmn iiu nnm eeo rrt snn aei mnu oii tre mmn iiu nnm eeo rrt snn aei mnu oii tre mmn iiu nnm eeo rrt snn aei mnu oii tre mmn iiu nnm eeo rrt snn aei mnu oii tre mmn iiu nnm eeo rrt snn aei mnu oii tre mmn iiu nnm eeo rrt snn aei mnu oii tre mmn iiu nnm eeo rrt snn aei mnu oii tre mmn iiu nnm eeo rrt snn aei mnu oii tre mmn iiu nnm eeo rrt snn aei mnu oii tre mmn iiu nnm eeo rrt snn aei mnu oii tre mmn iiu nnm eeo rrt snn aei mnu oii tre mmn iiu nnm eeo rrt snn aei mnu oii tre mmn iiu nnm eeo rrt snn aei mnu oii tre mmn iiu nnm eeo rrt snn aei mnu oii tre mmn iiu nnm eeo rrt snn aei mnu oii tre mmn iiu nnm eeo rrt snn aei mnu oii tre mmn iiu nnm eeo rrt snn aei mnu oii tre mmn iiu nnm eeo rrt snn aei mnu oii tre mmn iiu nnm eeo rrt snn aei mnu oii tre mmn iiu nnm eeo rrt snn aei mnu oii tre mmn iiu nnm eeo rrt snn aei mnu oii tre mmn iiu nnm eeo rrt snn aei mnu oii tre mmn iiu nnm eeo rrt snn aei mnu oii tre mmn iiu nnm eeo rrt snn aei mnu oii tre mmn iiu nnm eeo rrt snn aei mnu oii tre mmn iiu nnm eeo rrt snn aei mnu oii tre mmn iiu nnm eeo rrt snn aei mnu oii tre mmn iiu nnm eeo rrt snn aei mnu oii tre mmn iiu nnm eeo rrt snn aei mnu oii tre mmn iiu nnm eeo rrt snn aei mnu oii tre mmn iiu nnm eeo rrt snn aei mnu oii tre mmn iiu nnm eeo rrt snn aei mnu oii tre mmn iiu nnm eeo rrt snn aei mnu oii tre mmn iiu nnm eeo rrt snn aei mnu oii tre mmn iiu nnm eeo rrt snn aei mnu oii tre mmn iiu nnm eeo rrt snn aei mnu oii tre mmn iiu nnm eeo rrt snn aei mnu oii tre mmn iiu nnm eeo rrt snn aei mnu oii tre mmn iiu nnm eeo rrt snn aei mnu oii tre mmn iiu nnm eeo rrt snn aei mnu oii tre mmn iiu nnm eeo rrt snn aei mnu oii tre mmn iiu nnm eeo rrt snn aei mnu oii tre mmn iiu nnm eeo rrt snn aei mnu oii tre mmn iiu nnm eeo rrt snn aei mnu oii tre mmn iiu nnm eeo rrt snn aei mnu oii tre mmn iiu nnm eeo rrt snn aei mnu oii tre mmn iiu nnm eeo rrt snn aei mnu oii tre mmn iiu nnm eeo rrt snn aei mnu oii tre
CHRISTMAS PRESENTS
AT TE ARO HOUSE.
mmn iiu nnm eeo rrt snn aei mnu oii tre mmn iiu nnm eeo rrt snn aei mnu oii tre mmn iiu nnm eeo rrt snn aei mnu oii tre mmn iiu nnm eeo rrt snn aei mnu oii tre mmn iiu nnm eeo rrt snn aei mnu oii tre mmn iiu nnm eeo rrt snn aei mnu oii tre mmn iiu nnm eeo rrt snn aei mnu oii tre mmn iiu nnm eeo rrt snn aei mnu oii tre mmn iiu nnm eeo rrt snn aei mnu oii tre mmn iiu nnm eeo rrt snn aei mnu oii tre mmn iiu nnm eeo rrt snn aei mnu oii tre mmn iiu nnm eeo rrt snn aei mnu oii tre mmn iiu nnm eeo rrt snn aei mnu oii tre mmn iiu nnm eeo rrt snn aei mnu oii tre mmn iiu nnm eeo rrt snn aei mnu oii tre mmn iiu nnm eeo rrt snn aei mnu oii tre mmn iiu nnm eeo rrt snn aei mnu oii tre mmn iiu nnm eeo rrt snn aei mnu oii tre mmn iiu nnm eeo rrt snn aei mnu oii tre mmn iiu nnm eeo rrt snn aei mnu oii tre mmn iiu nnm eeo rrt snn aei mnu oii tre mmn iiu nnm eeo rrt snn aei mnu oii tre mmn iiu nnm eeo rrt snn aei mnu oii tre mmn iiu nnm eeo rrt snn aei mnu oii tre mmn iiu nnm eeo rrt snn aei mnu oii tre mmn iiu nnm eeo rrt snn aei mnu oii tre mmn iiu nnm eeo rrt snn aei mnu oii tre mmn iiu nnm eeo rrt snn aei mnu oii tre mmn iiu nnm eeo rrt snn aei mnu oii tre mmn iiu nnm eeo rrt snn aei mnu oii tre mmn iiu nnm eeo rrt snn aei mnu oii tre mmn iiu nnm eeo rrt snn aei mnu oii tre mmn iiu nnm eeo rrt snn aei mnu oii tre mmn iiu nnm eeo rrt snn aei mnu oii tre mmn iiu nnm eeo rrt snn aei mnu oii tre mmn iiu nnm eeo rrt snn aei mnu oii tre mmn iiu nnm eeo rrt snn aei mnu oii tre mmn iiu nnm eeo rrt snn aei mnu oii tre mmn iiu nnm eeo rrt snn aei mnu oii tre mmn iiu nnm eeo rrt snn aei mnu oii tre mmn iiu nnm eeo rrt snn aei mnu oii tre mmn iiu nnm eeo rrt snn aei mnu oii tre
I AM OPENING UP
7—TRUNKS—7
OF
BOOTS, SHOES & SLIPPERS
8 CASES
mmn iiu nnm eeo rrt snn aei mnu oii tre mmn iiu nnm eeo rrt snn aei mnu oii tre mmn iiu nnm eeo rrt snn aei mnu oii tre mmn iiu nnm eeo rrt snn aei mnu oii tre mmn iiu nnm eeo rrt snn aei mnu oii tre mmn iiu nnm eeo rrt snn aei mnu oii tre mmn iiu nnm eeo rrt snn aei mnu oii tre mmn iiu nnm eeo rrt snn aei mnu oii tre mmn iiu nnm eeo rrt snn aei mnu oii tre mmn iiu nnm eeo rrt snn aei mnu oii tre mmn iiu nnm eeo rrt snn aei mnu oii tre mmn iiu nnm eeo rrt snn aei mnu oii tre
SPECIALITY:
J. CARPENTER,
CENTRAL BOOT WAREHOUSE, MASTERTON.
THE LITTLE FRUIT SHOP
mmn iiu nnm eeo rrt snn aei mnu oii tre mmn iiu nnm eeo rrt snn aei mnu oii tre mmn iiu nnm eeo rrt snn aei mnu oii tre mmn iiu nnm eeo rrt snn aei mnu oii tre mmn iiu nnm eeo rrt snn aei mnu oii tre mmn iiu nnm eeo rrt snn aei mnu oii tre mmn iiu nnm eeo rrt snn aei mnu oii tre mmn iiu nnm eeo rrt snn aei mnu oii tre mmn iiu nnm eeo rrt snn aei mnu oii tre mmn iiu nnm eeo rrt snn aei mnu oii tre mmn iiu nnm eeo rrt snn aei mnu oii tre mmn iiu nnm eeo rrt snn aei mnu oii tre
AT THE WINDOW.
mmn iiu nnm eeo rrt snn aei mnu oii tre mmn iiu nnm eeo rrt snn aei mnu oii tre mmn iiu nnm eeo rrt snn aei mnu oii tre mmn iiu nnm eeo rrt snn aei mnu oii tre mmn iiu nnm eeo rrt snn aei mnu oii tre mmn iiu nnm eeo rrt snn aei mnu oii tre mmn iiu nnm eeo rrt snn aei mnu oii tre mmn iiu nnm eeo rrt snn aei mnu oii tre mmn iiu nnm eeo rrt snn aei mnu oii tre mmn iiu nnm eeo rrt snn aei mnu oii tre mmn iiu nnm eeo rrt snn aei mnu oii tre mmn iiu nnm eeo rrt snn aei mnu oii tre
RICHARD JONES,
QUEEN-STREET, MASTERTON.
